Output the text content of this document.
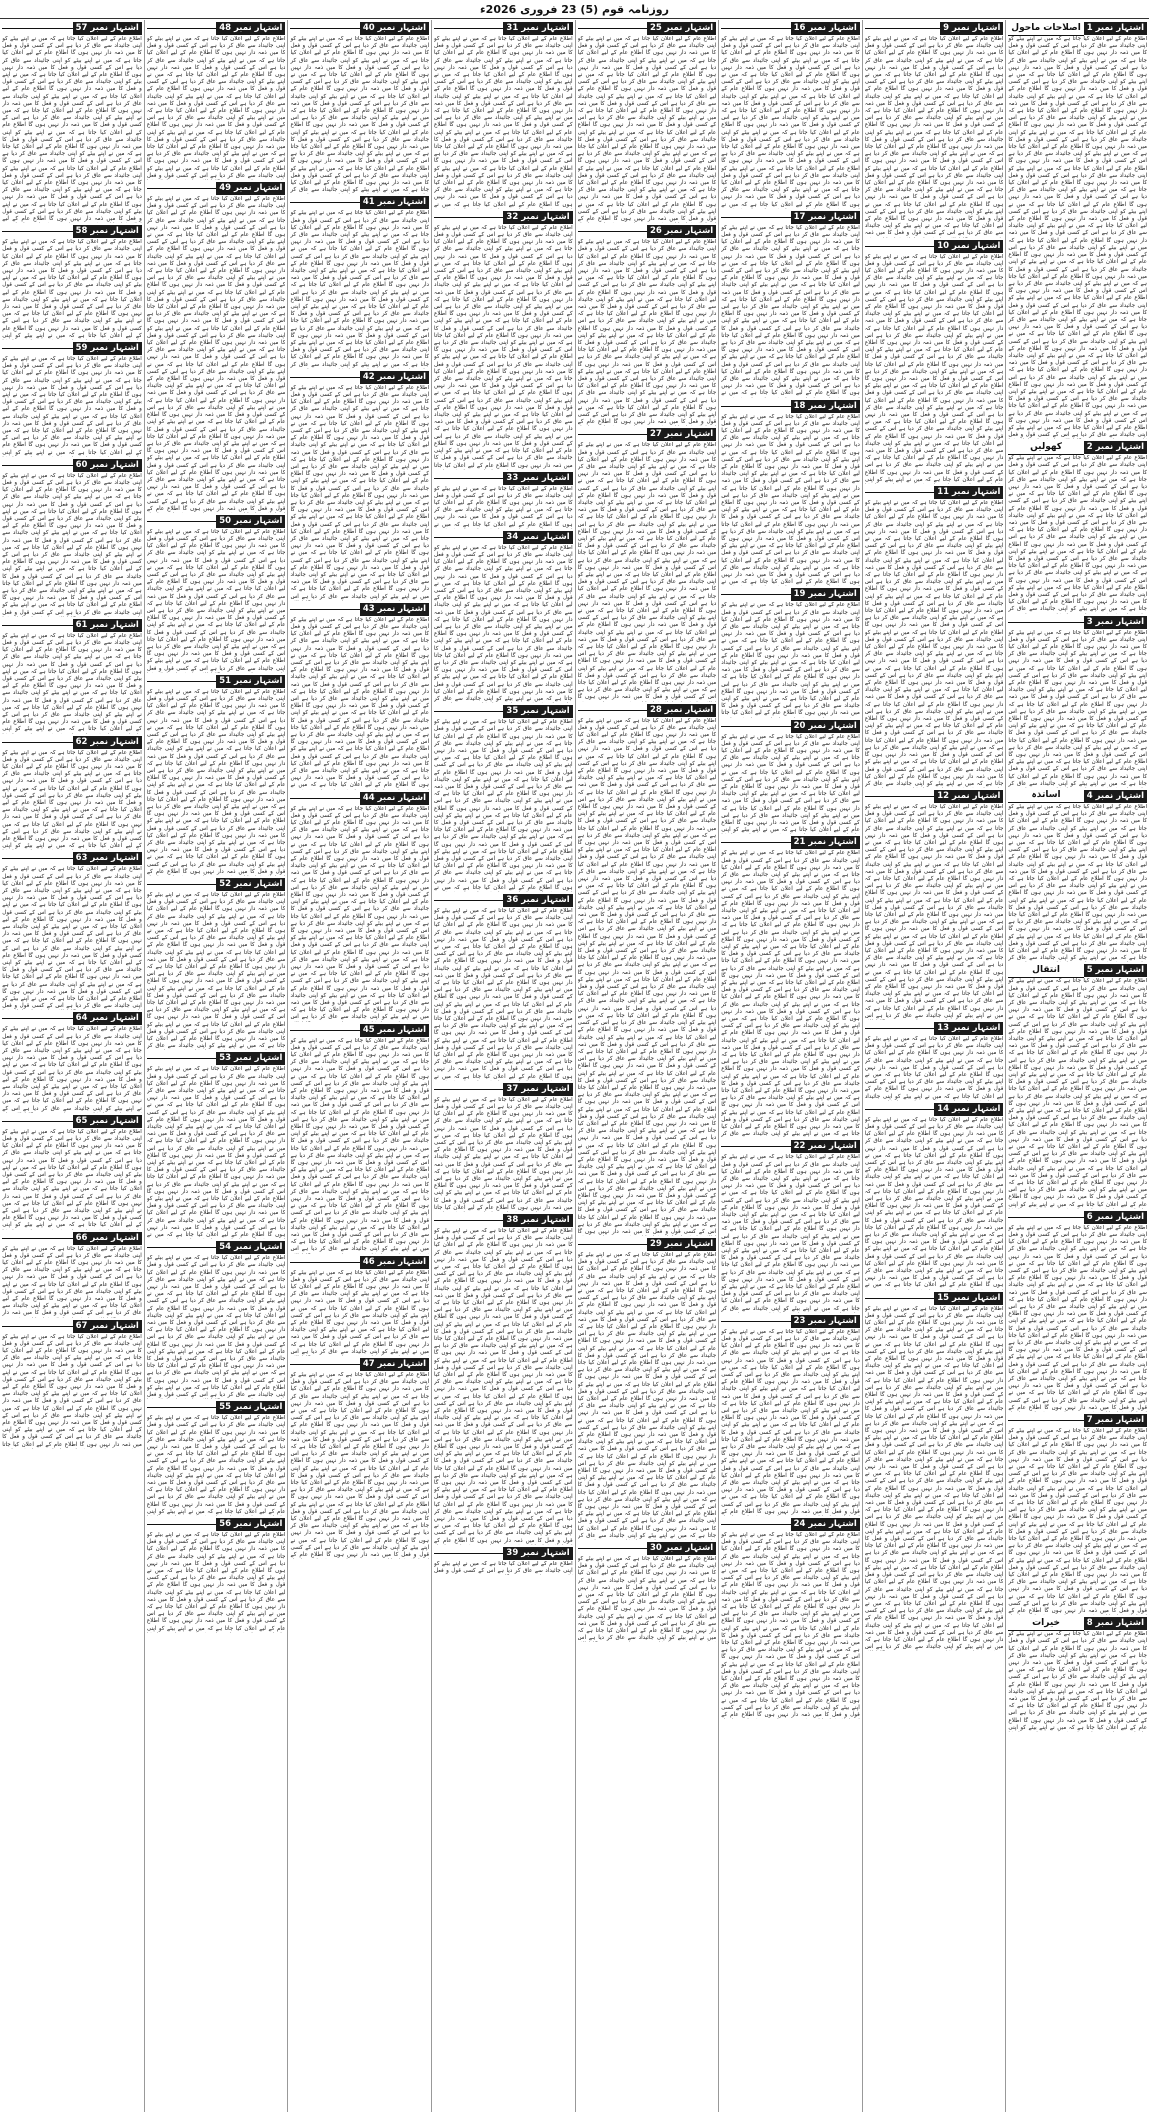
روزنامہ قوم (5) 23 فروری 2026ء
اشتہار نمبر 1
اصلاحات ماحول
اطلاع عام کے لیے اعلان کیا جاتا ہے کہ میں نے اپنے بیٹے کو اپنی جائیداد سے عاق کر دیا ہے اس کے کسی قول و فعل کا میں ذمہ دار نہیں ہوں گا اطلاع عام کے لیے اعلان کیا جاتا ہے کہ میں نے اپنے بیٹے کو اپنی جائیداد سے عاق کر دیا ہے اس کے کسی قول و فعل کا میں ذمہ دار نہیں ہوں گا اطلاع عام کے لیے اعلان کیا جاتا ہے کہ میں نے اپنے بیٹے کو اپنی جائیداد سے عاق کر دیا ہے اس کے کسی قول و فعل کا میں ذمہ دار نہیں ہوں گا اطلاع عام کے لیے اعلان کیا جاتا ہے کہ میں نے اپنے بیٹے کو اپنی جائیداد سے عاق کر دیا ہے اس کے کسی قول و فعل کا میں ذمہ دار نہیں ہوں گا اطلاع عام کے لیے اعلان کیا جاتا ہے کہ میں نے اپنے بیٹے کو اپنی جائیداد سے عاق کر دیا ہے اس کے کسی قول و فعل کا میں ذمہ دار نہیں ہوں گا اطلاع عام کے لیے اعلان کیا جاتا ہے کہ میں نے اپنے بیٹے کو اپنی جائیداد سے عاق کر دیا ہے اس کے کسی قول و فعل کا میں ذمہ دار نہیں ہوں گا اطلاع عام کے لیے اعلان کیا جاتا ہے کہ میں نے اپنے بیٹے کو اپنی جائیداد سے عاق کر دیا ہے اس کے کسی قول و فعل کا میں ذمہ دار نہیں ہوں گا اطلاع عام کے لیے اعلان کیا جاتا ہے کہ میں نے اپنے بیٹے کو اپنی جائیداد سے عاق کر دیا ہے اس کے کسی قول و فعل کا میں ذمہ دار نہیں ہوں گا اطلاع عام کے لیے اعلان کیا جاتا ہے کہ میں نے اپنے بیٹے کو اپنی جائیداد سے عاق کر دیا ہے اس کے کسی قول و فعل کا میں ذمہ دار نہیں ہوں گا اطلاع عام کے لیے اعلان کیا جاتا ہے کہ میں نے اپنے بیٹے کو اپنی جائیداد سے عاق کر دیا ہے اس کے کسی قول و فعل کا میں ذمہ دار نہیں ہوں گا اطلاع عام کے لیے اعلان کیا جاتا ہے کہ میں نے اپنے بیٹے کو اپنی جائیداد سے عاق کر دیا ہے اس کے کسی قول و فعل کا میں ذمہ دار نہیں ہوں گا اطلاع عام کے لیے اعلان کیا جاتا ہے کہ میں نے اپنے بیٹے کو اپنی جائیداد سے عاق کر دیا ہے اس کے کسی قول و فعل کا میں ذمہ دار نہیں ہوں گا اطلاع عام کے لیے اعلان کیا جاتا ہے کہ میں نے اپنے بیٹے کو اپنی جائیداد سے عاق کر دیا ہے اس کے کسی قول و فعل کا میں ذمہ دار نہیں ہوں گا اطلاع عام کے لیے اعلان کیا جاتا ہے کہ میں نے اپنے بیٹے کو اپنی جائیداد سے عاق کر دیا ہے اس کے کسی قول و فعل کا میں ذمہ دار نہیں ہوں گا اطلاع عام کے لیے اعلان کیا جاتا ہے کہ میں نے اپنے بیٹے کو اپنی جائیداد سے عاق کر دیا ہے اس کے کسی قول و فعل کا میں ذمہ دار نہیں ہوں گا اطلاع عام کے لیے اعلان کیا جاتا ہے کہ میں نے اپنے بیٹے کو اپنی جائیداد سے عاق کر دیا ہے اس کے کسی قول و فعل کا میں ذمہ دار نہیں ہوں گا اطلاع عام کے لیے اعلان کیا جاتا ہے کہ میں نے اپنے بیٹے کو اپنی جائیداد سے عاق کر دیا ہے اس کے کسی قول و فعل کا میں ذمہ دار نہیں ہوں گا اطلاع عام کے لیے اعلان کیا جاتا ہے کہ میں نے اپنے بیٹے کو اپنی جائیداد سے عاق کر دیا ہے اس کے کسی قول و فعل کا میں ذمہ دار نہیں ہوں گا اطلاع عام کے لیے اعلان کیا جاتا ہے کہ میں نے اپنے بیٹے کو اپنی جائیداد سے عاق کر دیا ہے اس کے کسی قول و فعل کا میں ذمہ دار نہیں ہوں گا اطلاع عام کے لیے اعلان کیا جاتا ہے کہ میں نے اپنے بیٹے کو اپنی جائیداد سے عاق کر دیا ہے اس کے کسی قول و فعل کا میں ذمہ دار نہیں ہوں گا اطلاع عام کے لیے اعلان کیا جاتا ہے کہ میں نے اپنے بیٹے کو اپنی جائیداد سے عاق کر دیا ہے اس کے کسی قول و فعل کا میں ذمہ دار نہیں ہوں گا اطلاع عام کے لیے اعلان کیا جاتا ہے کہ میں نے اپنے بیٹے کو اپنی جائیداد سے عاق کر دیا ہے اس کے کسی قول و فعل
اشتہار نمبر 2
کھولیں
اطلاع عام کے لیے اعلان کیا جاتا ہے کہ میں نے اپنے بیٹے کو اپنی جائیداد سے عاق کر دیا ہے اس کے کسی قول و فعل کا میں ذمہ دار نہیں ہوں گا اطلاع عام کے لیے اعلان کیا جاتا ہے کہ میں نے اپنے بیٹے کو اپنی جائیداد سے عاق کر دیا ہے اس کے کسی قول و فعل کا میں ذمہ دار نہیں ہوں گا اطلاع عام کے لیے اعلان کیا جاتا ہے کہ میں نے اپنے بیٹے کو اپنی جائیداد سے عاق کر دیا ہے اس کے کسی قول و فعل کا میں ذمہ دار نہیں ہوں گا اطلاع عام کے لیے اعلان کیا جاتا ہے کہ میں نے اپنے بیٹے کو اپنی جائیداد سے عاق کر دیا ہے اس کے کسی قول و فعل کا میں ذمہ دار نہیں ہوں گا اطلاع عام کے لیے اعلان کیا جاتا ہے کہ میں نے اپنے بیٹے کو اپنی جائیداد سے عاق کر دیا ہے اس کے کسی قول و فعل کا میں ذمہ دار نہیں ہوں گا اطلاع عام کے لیے اعلان کیا جاتا ہے کہ میں نے اپنے بیٹے کو اپنی جائیداد سے عاق کر دیا ہے اس کے کسی قول و فعل کا میں ذمہ دار نہیں ہوں گا اطلاع عام کے لیے اعلان کیا جاتا ہے کہ میں نے اپنے بیٹے کو اپنی جائیداد سے عاق کر دیا ہے اس کے کسی قول و فعل کا میں ذمہ دار نہیں ہوں گا اطلاع عام کے لیے اعلان کیا جاتا ہے کہ میں نے اپنے بیٹے کو اپنی جائیداد سے عاق کر دیا ہے اس کے کسی قول و فعل کا میں ذمہ دار نہیں ہوں گا اطلاع عام کے لیے اعلان کیا جاتا ہے کہ میں نے اپنے بیٹے کو اپنی جائیداد سے عاق کر
اشتہار نمبر 3
اطلاع عام کے لیے اعلان کیا جاتا ہے کہ میں نے اپنے بیٹے کو اپنی جائیداد سے عاق کر دیا ہے اس کے کسی قول و فعل کا میں ذمہ دار نہیں ہوں گا اطلاع عام کے لیے اعلان کیا جاتا ہے کہ میں نے اپنے بیٹے کو اپنی جائیداد سے عاق کر دیا ہے اس کے کسی قول و فعل کا میں ذمہ دار نہیں ہوں گا اطلاع عام کے لیے اعلان کیا جاتا ہے کہ میں نے اپنے بیٹے کو اپنی جائیداد سے عاق کر دیا ہے اس کے کسی قول و فعل کا میں ذمہ دار نہیں ہوں گا اطلاع عام کے لیے اعلان کیا جاتا ہے کہ میں نے اپنے بیٹے کو اپنی جائیداد سے عاق کر دیا ہے اس کے کسی قول و فعل کا میں ذمہ دار نہیں ہوں گا اطلاع عام کے لیے اعلان کیا جاتا ہے کہ میں نے اپنے بیٹے کو اپنی جائیداد سے عاق کر دیا ہے اس کے کسی قول و فعل کا میں ذمہ دار نہیں ہوں گا اطلاع عام کے لیے اعلان کیا جاتا ہے کہ میں نے اپنے بیٹے کو اپنی جائیداد سے عاق کر دیا ہے اس کے کسی قول و فعل کا میں ذمہ دار نہیں ہوں گا اطلاع عام کے لیے اعلان کیا جاتا ہے کہ میں نے اپنے بیٹے کو اپنی جائیداد سے عاق کر دیا ہے اس کے کسی قول و فعل کا میں ذمہ دار نہیں ہوں گا اطلاع عام کے لیے اعلان کیا جاتا ہے کہ میں نے اپنے بیٹے کو اپنی جائیداد سے عاق کر دیا ہے اس کے کسی قول و فعل کا میں ذمہ دار نہیں ہوں گا اطلاع عام کے لیے اعلان کیا جاتا ہے کہ میں نے اپنے بیٹے کو اپنی جائیداد سے عاق کر
اشتہار نمبر 4
اساتذہ
اطلاع عام کے لیے اعلان کیا جاتا ہے کہ میں نے اپنے بیٹے کو اپنی جائیداد سے عاق کر دیا ہے اس کے کسی قول و فعل کا میں ذمہ دار نہیں ہوں گا اطلاع عام کے لیے اعلان کیا جاتا ہے کہ میں نے اپنے بیٹے کو اپنی جائیداد سے عاق کر دیا ہے اس کے کسی قول و فعل کا میں ذمہ دار نہیں ہوں گا اطلاع عام کے لیے اعلان کیا جاتا ہے کہ میں نے اپنے بیٹے کو اپنی جائیداد سے عاق کر دیا ہے اس کے کسی قول و فعل کا میں ذمہ دار نہیں ہوں گا اطلاع عام کے لیے اعلان کیا جاتا ہے کہ میں نے اپنے بیٹے کو اپنی جائیداد سے عاق کر دیا ہے اس کے کسی قول و فعل کا میں ذمہ دار نہیں ہوں گا اطلاع عام کے لیے اعلان کیا جاتا ہے کہ میں نے اپنے بیٹے کو اپنی جائیداد سے عاق کر دیا ہے اس کے کسی قول و فعل کا میں ذمہ دار نہیں ہوں گا اطلاع عام کے لیے اعلان کیا جاتا ہے کہ میں نے اپنے بیٹے کو اپنی جائیداد سے عاق کر دیا ہے اس کے کسی قول و فعل کا میں ذمہ دار نہیں ہوں گا اطلاع عام کے لیے اعلان کیا جاتا ہے کہ میں نے اپنے بیٹے کو اپنی جائیداد سے عاق کر دیا ہے اس کے کسی قول و فعل کا میں ذمہ دار نہیں ہوں گا اطلاع عام کے لیے اعلان کیا جاتا ہے کہ میں نے اپنے بیٹے کو اپنی جائیداد سے عاق کر دیا ہے اس کے کسی قول و فعل کا میں ذمہ دار نہیں ہوں گا اطلاع عام کے لیے اعلان کیا جاتا ہے کہ میں نے اپنے بیٹے کو اپنی جائیداد سے عاق کر
اشتہار نمبر 5
انتقال
اطلاع عام کے لیے اعلان کیا جاتا ہے کہ میں نے اپنے بیٹے کو اپنی جائیداد سے عاق کر دیا ہے اس کے کسی قول و فعل کا میں ذمہ دار نہیں ہوں گا اطلاع عام کے لیے اعلان کیا جاتا ہے کہ میں نے اپنے بیٹے کو اپنی جائیداد سے عاق کر دیا ہے اس کے کسی قول و فعل کا میں ذمہ دار نہیں ہوں گا اطلاع عام کے لیے اعلان کیا جاتا ہے کہ میں نے اپنے بیٹے کو اپنی جائیداد سے عاق کر دیا ہے اس کے کسی قول و فعل کا میں ذمہ دار نہیں ہوں گا اطلاع عام کے لیے اعلان کیا جاتا ہے کہ میں نے اپنے بیٹے کو اپنی جائیداد سے عاق کر دیا ہے اس کے کسی قول و فعل کا میں ذمہ دار نہیں ہوں گا اطلاع عام کے لیے اعلان کیا جاتا ہے کہ میں نے اپنے بیٹے کو اپنی جائیداد سے عاق کر دیا ہے اس کے کسی قول و فعل کا میں ذمہ دار نہیں ہوں گا اطلاع عام کے لیے اعلان کیا جاتا ہے کہ میں نے اپنے بیٹے کو اپنی جائیداد سے عاق کر دیا ہے اس کے کسی قول و فعل کا میں ذمہ دار نہیں ہوں گا اطلاع عام کے لیے اعلان کیا جاتا ہے کہ میں نے اپنے بیٹے کو اپنی جائیداد سے عاق کر دیا ہے اس کے کسی قول و فعل کا میں ذمہ دار نہیں ہوں گا اطلاع عام کے لیے اعلان کیا جاتا ہے کہ میں نے اپنے بیٹے کو اپنی جائیداد سے عاق کر دیا ہے اس کے کسی قول و فعل کا میں ذمہ دار نہیں ہوں گا اطلاع عام کے لیے اعلان کیا جاتا ہے کہ میں نے اپنے بیٹے کو اپنی جائیداد سے عاق کر دیا ہے اس کے کسی قول و فعل کا میں ذمہ دار نہیں ہوں گا اطلاع عام کے لیے اعلان کیا جاتا ہے کہ میں نے اپنے بیٹے کو اپنی جائیداد سے عاق کر دیا ہے اس کے کسی قول و فعل کا میں ذمہ دار نہیں ہوں گا اطلاع عام کے لیے اعلان کیا جاتا ہے کہ میں نے اپنے بیٹے کو اپنی جائیداد سے عاق کر دیا ہے اس کے کسی قول و فعل کا میں ذمہ دار نہیں ہوں گا اطلاع عام کے لیے اعلان کیا جاتا ہے کہ میں نے اپنے بیٹے کو اپنی جائیداد سے عاق کر دیا ہے اس کے کسی قول و فعل کا میں ذمہ دار نہیں ہوں گا اطلاع عام کے لیے اعلان کیا جاتا ہے کہ میں نے اپنے بیٹے کو اپنی
اشتہار نمبر 6
اطلاع عام کے لیے اعلان کیا جاتا ہے کہ میں نے اپنے بیٹے کو اپنی جائیداد سے عاق کر دیا ہے اس کے کسی قول و فعل کا میں ذمہ دار نہیں ہوں گا اطلاع عام کے لیے اعلان کیا جاتا ہے کہ میں نے اپنے بیٹے کو اپنی جائیداد سے عاق کر دیا ہے اس کے کسی قول و فعل کا میں ذمہ دار نہیں ہوں گا اطلاع عام کے لیے اعلان کیا جاتا ہے کہ میں نے اپنے بیٹے کو اپنی جائیداد سے عاق کر دیا ہے اس کے کسی قول و فعل کا میں ذمہ دار نہیں ہوں گا اطلاع عام کے لیے اعلان کیا جاتا ہے کہ میں نے اپنے بیٹے کو اپنی جائیداد سے عاق کر دیا ہے اس کے کسی قول و فعل کا میں ذمہ دار نہیں ہوں گا اطلاع عام کے لیے اعلان کیا جاتا ہے کہ میں نے اپنے بیٹے کو اپنی جائیداد سے عاق کر دیا ہے اس کے کسی قول و فعل کا میں ذمہ دار نہیں ہوں گا اطلاع عام کے لیے اعلان کیا جاتا ہے کہ میں نے اپنے بیٹے کو اپنی جائیداد سے عاق کر دیا ہے اس کے کسی قول و فعل کا میں ذمہ دار نہیں ہوں گا اطلاع عام کے لیے اعلان کیا جاتا ہے کہ میں نے اپنے بیٹے کو اپنی جائیداد سے عاق کر دیا ہے اس کے کسی قول و فعل کا میں ذمہ دار نہیں ہوں گا اطلاع عام کے لیے اعلان کیا جاتا ہے کہ میں نے اپنے بیٹے کو اپنی جائیداد سے عاق کر دیا ہے اس کے کسی قول و فعل کا میں ذمہ دار نہیں ہوں گا اطلاع عام کے لیے اعلان کیا جاتا ہے کہ میں نے اپنے بیٹے کو اپنی جائیداد سے عاق کر دیا ہے اس کے کسی قول و فعل کا میں ذمہ دار نہیں ہوں گا اطلاع عام کے لیے اعلان کیا جاتا ہے کہ میں نے اپنے بیٹے کو اپنی جائیداد سے عاق کر دیا ہے اس کے کسی قول و فعل کا میں ذمہ دار نہیں ہوں گا اطلاع عام کے
اشتہار نمبر 7
اطلاع عام کے لیے اعلان کیا جاتا ہے کہ میں نے اپنے بیٹے کو اپنی جائیداد سے عاق کر دیا ہے اس کے کسی قول و فعل کا میں ذمہ دار نہیں ہوں گا اطلاع عام کے لیے اعلان کیا جاتا ہے کہ میں نے اپنے بیٹے کو اپنی جائیداد سے عاق کر دیا ہے اس کے کسی قول و فعل کا میں ذمہ دار نہیں ہوں گا اطلاع عام کے لیے اعلان کیا جاتا ہے کہ میں نے اپنے بیٹے کو اپنی جائیداد سے عاق کر دیا ہے اس کے کسی قول و فعل کا میں ذمہ دار نہیں ہوں گا اطلاع عام کے لیے اعلان کیا جاتا ہے کہ میں نے اپنے بیٹے کو اپنی جائیداد سے عاق کر دیا ہے اس کے کسی قول و فعل کا میں ذمہ دار نہیں ہوں گا اطلاع عام کے لیے اعلان کیا جاتا ہے کہ میں نے اپنے بیٹے کو اپنی جائیداد سے عاق کر دیا ہے اس کے کسی قول و فعل کا میں ذمہ دار نہیں ہوں گا اطلاع عام کے لیے اعلان کیا جاتا ہے کہ میں نے اپنے بیٹے کو اپنی جائیداد سے عاق کر دیا ہے اس کے کسی قول و فعل کا میں ذمہ دار نہیں ہوں گا اطلاع عام کے لیے اعلان کیا جاتا ہے کہ میں نے اپنے بیٹے کو اپنی جائیداد سے عاق کر دیا ہے اس کے کسی قول و فعل کا میں ذمہ دار نہیں ہوں گا اطلاع عام کے لیے اعلان کیا جاتا ہے کہ میں نے اپنے بیٹے کو اپنی جائیداد سے عاق کر دیا ہے اس کے کسی قول و فعل کا میں ذمہ دار نہیں ہوں گا اطلاع عام کے لیے اعلان کیا جاتا ہے کہ میں نے اپنے بیٹے کو اپنی جائیداد سے عاق کر دیا ہے اس کے کسی قول و فعل کا میں ذمہ دار نہیں ہوں گا اطلاع عام کے لیے اعلان کیا جاتا ہے کہ میں نے اپنے بیٹے کو اپنی جائیداد سے عاق کر دیا ہے اس کے کسی قول و فعل کا میں ذمہ دار نہیں ہوں گا اطلاع عام کے
اشتہار نمبر 8
خیرات
اطلاع عام کے لیے اعلان کیا جاتا ہے کہ میں نے اپنے بیٹے کو اپنی جائیداد سے عاق کر دیا ہے اس کے کسی قول و فعل کا میں ذمہ دار نہیں ہوں گا اطلاع عام کے لیے اعلان کیا جاتا ہے کہ میں نے اپنے بیٹے کو اپنی جائیداد سے عاق کر دیا ہے اس کے کسی قول و فعل کا میں ذمہ دار نہیں ہوں گا اطلاع عام کے لیے اعلان کیا جاتا ہے کہ میں نے اپنے بیٹے کو اپنی جائیداد سے عاق کر دیا ہے اس کے کسی قول و فعل کا میں ذمہ دار نہیں ہوں گا اطلاع عام کے لیے اعلان کیا جاتا ہے کہ میں نے اپنے بیٹے کو اپنی جائیداد سے عاق کر دیا ہے اس کے کسی قول و فعل کا میں ذمہ دار نہیں ہوں گا اطلاع عام کے لیے اعلان کیا جاتا ہے کہ میں نے اپنے بیٹے کو اپنی جائیداد سے عاق کر دیا ہے اس کے کسی قول و فعل کا میں ذمہ دار نہیں ہوں گا اطلاع عام کے لیے اعلان کیا جاتا ہے کہ میں نے اپنے بیٹے کو اپنی
اشتہار نمبر 9
اطلاع عام کے لیے اعلان کیا جاتا ہے کہ میں نے اپنے بیٹے کو اپنی جائیداد سے عاق کر دیا ہے اس کے کسی قول و فعل کا میں ذمہ دار نہیں ہوں گا اطلاع عام کے لیے اعلان کیا جاتا ہے کہ میں نے اپنے بیٹے کو اپنی جائیداد سے عاق کر دیا ہے اس کے کسی قول و فعل کا میں ذمہ دار نہیں ہوں گا اطلاع عام کے لیے اعلان کیا جاتا ہے کہ میں نے اپنے بیٹے کو اپنی جائیداد سے عاق کر دیا ہے اس کے کسی قول و فعل کا میں ذمہ دار نہیں ہوں گا اطلاع عام کے لیے اعلان کیا جاتا ہے کہ میں نے اپنے بیٹے کو اپنی جائیداد سے عاق کر دیا ہے اس کے کسی قول و فعل کا میں ذمہ دار نہیں ہوں گا اطلاع عام کے لیے اعلان کیا جاتا ہے کہ میں نے اپنے بیٹے کو اپنی جائیداد سے عاق کر دیا ہے اس کے کسی قول و فعل کا میں ذمہ دار نہیں ہوں گا اطلاع عام کے لیے اعلان کیا جاتا ہے کہ میں نے اپنے بیٹے کو اپنی جائیداد سے عاق کر دیا ہے اس کے کسی قول و فعل کا میں ذمہ دار نہیں ہوں گا اطلاع عام کے لیے اعلان کیا جاتا ہے کہ میں نے اپنے بیٹے کو اپنی جائیداد سے عاق کر دیا ہے اس کے کسی قول و فعل کا میں ذمہ دار نہیں ہوں گا اطلاع عام کے لیے اعلان کیا جاتا ہے کہ میں نے اپنے بیٹے کو اپنی جائیداد سے عاق کر دیا ہے اس کے کسی قول و فعل کا میں ذمہ دار نہیں ہوں گا اطلاع عام کے لیے اعلان کیا جاتا ہے کہ میں نے اپنے بیٹے کو اپنی جائیداد سے عاق کر دیا ہے اس کے کسی قول و فعل کا میں ذمہ دار نہیں ہوں گا اطلاع عام کے لیے اعلان کیا جاتا ہے کہ میں نے اپنے بیٹے کو اپنی جائیداد سے عاق کر دیا ہے اس کے کسی قول و فعل کا میں ذمہ دار نہیں ہوں گا اطلاع عام کے لیے اعلان کیا جاتا ہے کہ میں نے اپنے بیٹے کو اپنی جائیداد سے عاق کر دیا ہے اس کے کسی قول و فعل کا میں ذمہ
اشتہار نمبر 10
اطلاع عام کے لیے اعلان کیا جاتا ہے کہ میں نے اپنے بیٹے کو اپنی جائیداد سے عاق کر دیا ہے اس کے کسی قول و فعل کا میں ذمہ دار نہیں ہوں گا اطلاع عام کے لیے اعلان کیا جاتا ہے کہ میں نے اپنے بیٹے کو اپنی جائیداد سے عاق کر دیا ہے اس کے کسی قول و فعل کا میں ذمہ دار نہیں ہوں گا اطلاع عام کے لیے اعلان کیا جاتا ہے کہ میں نے اپنے بیٹے کو اپنی جائیداد سے عاق کر دیا ہے اس کے کسی قول و فعل کا میں ذمہ دار نہیں ہوں گا اطلاع عام کے لیے اعلان کیا جاتا ہے کہ میں نے اپنے بیٹے کو اپنی جائیداد سے عاق کر دیا ہے اس کے کسی قول و فعل کا میں ذمہ دار نہیں ہوں گا اطلاع عام کے لیے اعلان کیا جاتا ہے کہ میں نے اپنے بیٹے کو اپنی جائیداد سے عاق کر دیا ہے اس کے کسی قول و فعل کا میں ذمہ دار نہیں ہوں گا اطلاع عام کے لیے اعلان کیا جاتا ہے کہ میں نے اپنے بیٹے کو اپنی جائیداد سے عاق کر دیا ہے اس کے کسی قول و فعل کا میں ذمہ دار نہیں ہوں گا اطلاع عام کے لیے اعلان کیا جاتا ہے کہ میں نے اپنے بیٹے کو اپنی جائیداد سے عاق کر دیا ہے اس کے کسی قول و فعل کا میں ذمہ دار نہیں ہوں گا اطلاع عام کے لیے اعلان کیا جاتا ہے کہ میں نے اپنے بیٹے کو اپنی جائیداد سے عاق کر دیا ہے اس کے کسی قول و فعل کا میں ذمہ دار نہیں ہوں گا اطلاع عام کے لیے اعلان کیا جاتا ہے کہ میں نے اپنے بیٹے کو اپنی جائیداد سے عاق کر دیا ہے اس کے کسی قول و فعل کا میں ذمہ دار نہیں ہوں گا اطلاع عام کے لیے اعلان کیا جاتا ہے کہ میں نے اپنے بیٹے کو اپنی جائیداد سے عاق کر دیا ہے اس کے کسی قول و فعل کا میں ذمہ دار نہیں ہوں گا اطلاع عام کے لیے اعلان کیا جاتا ہے کہ میں نے اپنے بیٹے کو اپنی جائیداد سے عاق کر دیا ہے اس کے کسی قول و فعل کا میں ذمہ دار نہیں ہوں گا اطلاع عام کے لیے اعلان کیا جاتا ہے کہ میں نے اپنے بیٹے کو اپنی جائیداد سے عاق کر دیا ہے اس کے کسی قول و فعل کا میں ذمہ دار نہیں ہوں گا اطلاع عام کے لیے اعلان کیا جاتا ہے کہ میں نے اپنے بیٹے کو اپنی
اشتہار نمبر 11
اطلاع عام کے لیے اعلان کیا جاتا ہے کہ میں نے اپنے بیٹے کو اپنی جائیداد سے عاق کر دیا ہے اس کے کسی قول و فعل کا میں ذمہ دار نہیں ہوں گا اطلاع عام کے لیے اعلان کیا جاتا ہے کہ میں نے اپنے بیٹے کو اپنی جائیداد سے عاق کر دیا ہے اس کے کسی قول و فعل کا میں ذمہ دار نہیں ہوں گا اطلاع عام کے لیے اعلان کیا جاتا ہے کہ میں نے اپنے بیٹے کو اپنی جائیداد سے عاق کر دیا ہے اس کے کسی قول و فعل کا میں ذمہ دار نہیں ہوں گا اطلاع عام کے لیے اعلان کیا جاتا ہے کہ میں نے اپنے بیٹے کو اپنی جائیداد سے عاق کر دیا ہے اس کے کسی قول و فعل کا میں ذمہ دار نہیں ہوں گا اطلاع عام کے لیے اعلان کیا جاتا ہے کہ میں نے اپنے بیٹے کو اپنی جائیداد سے عاق کر دیا ہے اس کے کسی قول و فعل کا میں ذمہ دار نہیں ہوں گا اطلاع عام کے لیے اعلان کیا جاتا ہے کہ میں نے اپنے بیٹے کو اپنی جائیداد سے عاق کر دیا ہے اس کے کسی قول و فعل کا میں ذمہ دار نہیں ہوں گا اطلاع عام کے لیے اعلان کیا جاتا ہے کہ میں نے اپنے بیٹے کو اپنی جائیداد سے عاق کر دیا ہے اس کے کسی قول و فعل کا میں ذمہ دار نہیں ہوں گا اطلاع عام کے لیے اعلان کیا جاتا ہے کہ میں نے اپنے بیٹے کو اپنی جائیداد سے عاق کر دیا ہے اس کے کسی قول و فعل کا میں ذمہ دار نہیں ہوں گا اطلاع عام کے لیے اعلان کیا جاتا ہے کہ میں نے اپنے بیٹے کو اپنی جائیداد سے عاق کر دیا ہے اس کے کسی قول و فعل کا میں ذمہ دار نہیں ہوں گا اطلاع عام کے لیے اعلان کیا جاتا ہے کہ میں نے اپنے بیٹے کو اپنی جائیداد سے عاق کر دیا ہے اس کے کسی قول و فعل کا میں ذمہ دار نہیں ہوں گا اطلاع عام کے لیے اعلان کیا جاتا ہے کہ میں نے اپنے بیٹے کو اپنی جائیداد سے عاق کر دیا ہے اس کے کسی قول و فعل کا میں ذمہ دار نہیں ہوں گا اطلاع عام کے لیے اعلان کیا جاتا ہے کہ میں نے اپنے بیٹے کو اپنی جائیداد سے عاق کر دیا ہے اس کے کسی قول و فعل کا میں ذمہ دار نہیں ہوں گا اطلاع عام کے لیے اعلان کیا جاتا ہے کہ میں نے اپنے بیٹے کو اپنی جائیداد سے عاق کر دیا ہے اس کے کسی قول و فعل کا میں ذمہ دار نہیں ہوں گا اطلاع عام کے لیے اعلان کیا جاتا ہے کہ میں نے اپنے بیٹے کو اپنی جائیداد سے عاق کر دیا ہے اس کے کسی قول و فعل کا میں ذمہ دار نہیں ہوں گا اطلاع عام کے لیے اعلان کیا جاتا ہے کہ میں نے اپنے بیٹے کو اپنی جائیداد سے عاق کر دیا ہے اس کے کسی قول و فعل کا میں ذمہ دار نہیں ہوں گا اطلاع عام کے لیے اعلان کیا جاتا ہے کہ میں نے اپنے بیٹے کو اپنی جائیداد سے عاق کر
اشتہار نمبر 12
اطلاع عام کے لیے اعلان کیا جاتا ہے کہ میں نے اپنے بیٹے کو اپنی جائیداد سے عاق کر دیا ہے اس کے کسی قول و فعل کا میں ذمہ دار نہیں ہوں گا اطلاع عام کے لیے اعلان کیا جاتا ہے کہ میں نے اپنے بیٹے کو اپنی جائیداد سے عاق کر دیا ہے اس کے کسی قول و فعل کا میں ذمہ دار نہیں ہوں گا اطلاع عام کے لیے اعلان کیا جاتا ہے کہ میں نے اپنے بیٹے کو اپنی جائیداد سے عاق کر دیا ہے اس کے کسی قول و فعل کا میں ذمہ دار نہیں ہوں گا اطلاع عام کے لیے اعلان کیا جاتا ہے کہ میں نے اپنے بیٹے کو اپنی جائیداد سے عاق کر دیا ہے اس کے کسی قول و فعل کا میں ذمہ دار نہیں ہوں گا اطلاع عام کے لیے اعلان کیا جاتا ہے کہ میں نے اپنے بیٹے کو اپنی جائیداد سے عاق کر دیا ہے اس کے کسی قول و فعل کا میں ذمہ دار نہیں ہوں گا اطلاع عام کے لیے اعلان کیا جاتا ہے کہ میں نے اپنے بیٹے کو اپنی جائیداد سے عاق کر دیا ہے اس کے کسی قول و فعل کا میں ذمہ دار نہیں ہوں گا اطلاع عام کے لیے اعلان کیا جاتا ہے کہ میں نے اپنے بیٹے کو اپنی جائیداد سے عاق کر دیا ہے اس کے کسی قول و فعل کا میں ذمہ دار نہیں ہوں گا اطلاع عام کے لیے اعلان کیا جاتا ہے کہ میں نے اپنے بیٹے کو اپنی جائیداد سے عاق کر دیا ہے اس کے کسی قول و فعل کا میں ذمہ دار نہیں ہوں گا اطلاع عام کے لیے اعلان کیا جاتا ہے کہ میں نے اپنے بیٹے کو اپنی جائیداد سے عاق کر دیا ہے اس کے کسی قول و فعل کا میں ذمہ دار نہیں ہوں گا اطلاع عام کے لیے اعلان کیا جاتا ہے کہ میں نے اپنے بیٹے کو اپنی جائیداد سے عاق کر دیا ہے اس کے کسی قول و فعل کا میں ذمہ دار نہیں ہوں گا اطلاع عام کے لیے اعلان کیا جاتا ہے کہ میں نے اپنے بیٹے کو اپنی جائیداد سے عاق کر دیا ہے اس کے کسی قول و فعل کا میں ذمہ دار نہیں ہوں گا اطلاع عام کے لیے اعلان کیا جاتا ہے کہ میں نے اپنے بیٹے کو اپنی جائیداد سے عاق کر دیا ہے اس
اشتہار نمبر 13
اطلاع عام کے لیے اعلان کیا جاتا ہے کہ میں نے اپنے بیٹے کو اپنی جائیداد سے عاق کر دیا ہے اس کے کسی قول و فعل کا میں ذمہ دار نہیں ہوں گا اطلاع عام کے لیے اعلان کیا جاتا ہے کہ میں نے اپنے بیٹے کو اپنی جائیداد سے عاق کر دیا ہے اس کے کسی قول و فعل کا میں ذمہ دار نہیں ہوں گا اطلاع عام کے لیے اعلان کیا جاتا ہے کہ میں نے اپنے بیٹے کو اپنی جائیداد سے عاق کر دیا ہے اس کے کسی قول و فعل کا میں ذمہ دار نہیں ہوں گا اطلاع عام کے لیے اعلان کیا جاتا ہے کہ میں نے اپنے بیٹے کو اپنی جائیداد
اشتہار نمبر 14
اطلاع عام کے لیے اعلان کیا جاتا ہے کہ میں نے اپنے بیٹے کو اپنی جائیداد سے عاق کر دیا ہے اس کے کسی قول و فعل کا میں ذمہ دار نہیں ہوں گا اطلاع عام کے لیے اعلان کیا جاتا ہے کہ میں نے اپنے بیٹے کو اپنی جائیداد سے عاق کر دیا ہے اس کے کسی قول و فعل کا میں ذمہ دار نہیں ہوں گا اطلاع عام کے لیے اعلان کیا جاتا ہے کہ میں نے اپنے بیٹے کو اپنی جائیداد سے عاق کر دیا ہے اس کے کسی قول و فعل کا میں ذمہ دار نہیں ہوں گا اطلاع عام کے لیے اعلان کیا جاتا ہے کہ میں نے اپنے بیٹے کو اپنی جائیداد سے عاق کر دیا ہے اس کے کسی قول و فعل کا میں ذمہ دار نہیں ہوں گا اطلاع عام کے لیے اعلان کیا جاتا ہے کہ میں نے اپنے بیٹے کو اپنی جائیداد سے عاق کر دیا ہے اس کے کسی قول و فعل کا میں ذمہ دار نہیں ہوں گا اطلاع عام کے لیے اعلان کیا جاتا ہے کہ میں نے اپنے بیٹے کو اپنی جائیداد سے عاق کر دیا ہے اس کے کسی قول و فعل کا میں ذمہ دار نہیں ہوں گا اطلاع عام کے لیے اعلان کیا جاتا ہے کہ میں نے اپنے بیٹے کو اپنی جائیداد سے عاق کر دیا ہے اس کے کسی قول و فعل کا میں ذمہ دار نہیں ہوں گا اطلاع عام کے لیے اعلان کیا جاتا ہے کہ میں نے اپنے بیٹے کو اپنی جائیداد سے عاق کر دیا ہے اس کے کسی قول و فعل کا میں ذمہ دار نہیں ہوں گا اطلاع عام کے لیے اعلان کیا جاتا ہے کہ میں نے اپنے بیٹے کو اپنی جائیداد سے عاق کر دیا ہے اس کے کسی قول و فعل کا میں ذمہ دار نہیں ہوں گا اطلاع عام کے لیے اعلان کیا جاتا ہے کہ میں نے
اشتہار نمبر 15
اطلاع عام کے لیے اعلان کیا جاتا ہے کہ میں نے اپنے بیٹے کو اپنی جائیداد سے عاق کر دیا ہے اس کے کسی قول و فعل کا میں ذمہ دار نہیں ہوں گا اطلاع عام کے لیے اعلان کیا جاتا ہے کہ میں نے اپنے بیٹے کو اپنی جائیداد سے عاق کر دیا ہے اس کے کسی قول و فعل کا میں ذمہ دار نہیں ہوں گا اطلاع عام کے لیے اعلان کیا جاتا ہے کہ میں نے اپنے بیٹے کو اپنی جائیداد سے عاق کر دیا ہے اس کے کسی قول و فعل کا میں ذمہ دار نہیں ہوں گا اطلاع عام کے لیے اعلان کیا جاتا ہے کہ میں نے اپنے بیٹے کو اپنی جائیداد سے عاق کر دیا ہے اس کے کسی قول و فعل کا میں ذمہ دار نہیں ہوں گا اطلاع عام کے لیے اعلان کیا جاتا ہے کہ میں نے اپنے بیٹے کو اپنی جائیداد سے عاق کر دیا ہے اس کے کسی قول و فعل کا میں ذمہ دار نہیں ہوں گا اطلاع عام کے لیے اعلان کیا جاتا ہے کہ میں نے اپنے بیٹے کو اپنی جائیداد سے عاق کر دیا ہے اس کے کسی قول و فعل کا میں ذمہ دار نہیں ہوں گا اطلاع عام کے لیے اعلان کیا جاتا ہے کہ میں نے اپنے بیٹے کو اپنی جائیداد سے عاق کر دیا ہے اس کے کسی قول و فعل کا میں ذمہ دار نہیں ہوں گا اطلاع عام کے لیے اعلان کیا جاتا ہے کہ میں نے اپنے بیٹے کو اپنی جائیداد سے عاق کر دیا ہے اس کے کسی قول و فعل کا میں ذمہ دار نہیں ہوں گا اطلاع عام کے لیے اعلان کیا جاتا ہے کہ میں نے اپنے بیٹے کو اپنی جائیداد سے عاق کر دیا ہے اس کے کسی قول و فعل کا میں ذمہ دار نہیں ہوں گا اطلاع عام کے لیے اعلان کیا جاتا ہے کہ میں نے اپنے بیٹے کو اپنی جائیداد سے عاق کر دیا ہے اس کے کسی قول و فعل کا میں ذمہ دار نہیں ہوں گا اطلاع عام کے لیے اعلان کیا جاتا ہے کہ میں نے اپنے بیٹے کو اپنی جائیداد سے عاق کر دیا ہے اس کے کسی قول و فعل کا میں ذمہ دار نہیں ہوں گا اطلاع عام کے لیے اعلان کیا جاتا ہے کہ میں نے اپنے بیٹے کو اپنی جائیداد سے عاق کر دیا ہے اس کے کسی قول و فعل کا میں ذمہ دار نہیں ہوں گا اطلاع عام کے لیے اعلان کیا جاتا ہے کہ میں نے اپنے بیٹے کو اپنی جائیداد سے عاق کر دیا ہے اس کے کسی قول و فعل کا میں ذمہ دار نہیں ہوں گا اطلاع عام کے لیے اعلان کیا جاتا ہے کہ میں نے اپنے بیٹے کو اپنی جائیداد سے عاق کر دیا ہے اس کے کسی قول و فعل کا میں ذمہ دار نہیں ہوں گا اطلاع عام کے لیے اعلان کیا جاتا ہے کہ میں نے اپنے بیٹے کو اپنی جائیداد سے عاق کر دیا ہے اس کے کسی قول و فعل کا میں ذمہ دار نہیں ہوں گا اطلاع عام کے لیے اعلان کیا جاتا ہے کہ میں نے اپنے بیٹے کو اپنی جائیداد سے عاق کر دیا ہے اس کے کسی قول و فعل کا میں ذمہ دار نہیں ہوں گا اطلاع عام کے لیے اعلان کیا جاتا ہے کہ میں نے اپنے بیٹے کو اپنی جائیداد سے عاق کر دیا ہے اس کے کسی قول و فعل کا میں ذمہ دار نہیں ہوں گا اطلاع عام کے لیے اعلان کیا جاتا ہے کہ میں نے اپنے بیٹے کو اپنی جائیداد سے عاق کر دیا ہے اس کے کسی قول و فعل کا میں ذمہ دار نہیں ہوں گا اطلاع عام کے لیے اعلان کیا جاتا ہے کہ میں نے اپنے بیٹے کو اپنی جائیداد سے عاق کر دیا ہے اس
اشتہار نمبر 16
اطلاع عام کے لیے اعلان کیا جاتا ہے کہ میں نے اپنے بیٹے کو اپنی جائیداد سے عاق کر دیا ہے اس کے کسی قول و فعل کا میں ذمہ دار نہیں ہوں گا اطلاع عام کے لیے اعلان کیا جاتا ہے کہ میں نے اپنے بیٹے کو اپنی جائیداد سے عاق کر دیا ہے اس کے کسی قول و فعل کا میں ذمہ دار نہیں ہوں گا اطلاع عام کے لیے اعلان کیا جاتا ہے کہ میں نے اپنے بیٹے کو اپنی جائیداد سے عاق کر دیا ہے اس کے کسی قول و فعل کا میں ذمہ دار نہیں ہوں گا اطلاع عام کے لیے اعلان کیا جاتا ہے کہ میں نے اپنے بیٹے کو اپنی جائیداد سے عاق کر دیا ہے اس کے کسی قول و فعل کا میں ذمہ دار نہیں ہوں گا اطلاع عام کے لیے اعلان کیا جاتا ہے کہ میں نے اپنے بیٹے کو اپنی جائیداد سے عاق کر دیا ہے اس کے کسی قول و فعل کا میں ذمہ دار نہیں ہوں گا اطلاع عام کے لیے اعلان کیا جاتا ہے کہ میں نے اپنے بیٹے کو اپنی جائیداد سے عاق کر دیا ہے اس کے کسی قول و فعل کا میں ذمہ دار نہیں ہوں گا اطلاع عام کے لیے اعلان کیا جاتا ہے کہ میں نے اپنے بیٹے کو اپنی جائیداد سے عاق کر دیا ہے اس کے کسی قول و فعل کا میں ذمہ دار نہیں ہوں گا اطلاع عام کے لیے اعلان کیا جاتا ہے کہ میں نے اپنے بیٹے کو اپنی جائیداد سے عاق کر دیا ہے اس کے کسی قول و فعل کا میں ذمہ دار نہیں ہوں گا اطلاع عام کے لیے اعلان کیا جاتا ہے کہ میں نے اپنے بیٹے کو اپنی جائیداد سے عاق کر دیا ہے اس کے کسی قول و فعل کا میں ذمہ دار نہیں ہوں گا اطلاع عام کے لیے اعلان کیا جاتا ہے کہ میں نے
اشتہار نمبر 17
اطلاع عام کے لیے اعلان کیا جاتا ہے کہ میں نے اپنے بیٹے کو اپنی جائیداد سے عاق کر دیا ہے اس کے کسی قول و فعل کا میں ذمہ دار نہیں ہوں گا اطلاع عام کے لیے اعلان کیا جاتا ہے کہ میں نے اپنے بیٹے کو اپنی جائیداد سے عاق کر دیا ہے اس کے کسی قول و فعل کا میں ذمہ دار نہیں ہوں گا اطلاع عام کے لیے اعلان کیا جاتا ہے کہ میں نے اپنے بیٹے کو اپنی جائیداد سے عاق کر دیا ہے اس کے کسی قول و فعل کا میں ذمہ دار نہیں ہوں گا اطلاع عام کے لیے اعلان کیا جاتا ہے کہ میں نے اپنے بیٹے کو اپنی جائیداد سے عاق کر دیا ہے اس کے کسی قول و فعل کا میں ذمہ دار نہیں ہوں گا اطلاع عام کے لیے اعلان کیا جاتا ہے کہ میں نے اپنے بیٹے کو اپنی جائیداد سے عاق کر دیا ہے اس کے کسی قول و فعل کا میں ذمہ دار نہیں ہوں گا اطلاع عام کے لیے اعلان کیا جاتا ہے کہ میں نے اپنے بیٹے کو اپنی جائیداد سے عاق کر دیا ہے اس کے کسی قول و فعل کا میں ذمہ دار نہیں ہوں گا اطلاع عام کے لیے اعلان کیا جاتا ہے کہ میں نے اپنے بیٹے کو اپنی جائیداد سے عاق کر دیا ہے اس کے کسی قول و فعل کا میں ذمہ دار نہیں ہوں گا اطلاع عام کے لیے اعلان کیا جاتا ہے کہ میں نے اپنے بیٹے کو اپنی جائیداد سے عاق کر دیا ہے اس کے کسی قول و فعل کا میں ذمہ دار نہیں ہوں گا اطلاع عام کے لیے اعلان کیا جاتا ہے کہ میں نے اپنے بیٹے کو اپنی جائیداد سے عاق کر دیا ہے اس کے کسی قول و فعل کا میں ذمہ دار نہیں ہوں گا اطلاع عام کے لیے اعلان کیا جاتا ہے کہ میں نے
اشتہار نمبر 18
اطلاع عام کے لیے اعلان کیا جاتا ہے کہ میں نے اپنے بیٹے کو اپنی جائیداد سے عاق کر دیا ہے اس کے کسی قول و فعل کا میں ذمہ دار نہیں ہوں گا اطلاع عام کے لیے اعلان کیا جاتا ہے کہ میں نے اپنے بیٹے کو اپنی جائیداد سے عاق کر دیا ہے اس کے کسی قول و فعل کا میں ذمہ دار نہیں ہوں گا اطلاع عام کے لیے اعلان کیا جاتا ہے کہ میں نے اپنے بیٹے کو اپنی جائیداد سے عاق کر دیا ہے اس کے کسی قول و فعل کا میں ذمہ دار نہیں ہوں گا اطلاع عام کے لیے اعلان کیا جاتا ہے کہ میں نے اپنے بیٹے کو اپنی جائیداد سے عاق کر دیا ہے اس کے کسی قول و فعل کا میں ذمہ دار نہیں ہوں گا اطلاع عام کے لیے اعلان کیا جاتا ہے کہ میں نے اپنے بیٹے کو اپنی جائیداد سے عاق کر دیا ہے اس کے کسی قول و فعل کا میں ذمہ دار نہیں ہوں گا اطلاع عام کے لیے اعلان کیا جاتا ہے کہ میں نے اپنے بیٹے کو اپنی جائیداد سے عاق کر دیا ہے اس کے کسی قول و فعل کا میں ذمہ دار نہیں ہوں گا اطلاع عام کے لیے اعلان کیا جاتا ہے کہ میں نے اپنے بیٹے کو اپنی جائیداد سے عاق کر دیا ہے اس کے کسی قول و فعل کا میں ذمہ دار نہیں ہوں گا اطلاع عام کے لیے اعلان کیا جاتا ہے کہ میں نے اپنے بیٹے کو اپنی جائیداد سے عاق کر دیا ہے اس کے کسی قول و فعل کا میں ذمہ دار نہیں ہوں گا اطلاع عام کے لیے اعلان کیا جاتا ہے کہ میں نے اپنے بیٹے کو اپنی جائیداد سے عاق کر دیا ہے اس کے کسی قول و فعل کا میں ذمہ دار نہیں ہوں گا اطلاع عام کے لیے اعلان کیا جاتا ہے کہ میں نے
اشتہار نمبر 19
اطلاع عام کے لیے اعلان کیا جاتا ہے کہ میں نے اپنے بیٹے کو اپنی جائیداد سے عاق کر دیا ہے اس کے کسی قول و فعل کا میں ذمہ دار نہیں ہوں گا اطلاع عام کے لیے اعلان کیا جاتا ہے کہ میں نے اپنے بیٹے کو اپنی جائیداد سے عاق کر دیا ہے اس کے کسی قول و فعل کا میں ذمہ دار نہیں ہوں گا اطلاع عام کے لیے اعلان کیا جاتا ہے کہ میں نے اپنے بیٹے کو اپنی جائیداد سے عاق کر دیا ہے اس کے کسی قول و فعل کا میں ذمہ دار نہیں ہوں گا اطلاع عام کے لیے اعلان کیا جاتا ہے کہ میں نے اپنے بیٹے کو اپنی جائیداد سے عاق کر دیا ہے اس کے کسی قول و فعل کا میں ذمہ دار نہیں ہوں گا اطلاع عام کے لیے اعلان کیا جاتا ہے کہ میں نے اپنے بیٹے کو اپنی جائیداد سے عاق کر دیا ہے اس کے کسی قول و فعل کا میں ذمہ دار نہیں ہوں گا اطلاع عام کے لیے اعلان کیا جاتا ہے کہ میں نے اپنے بیٹے کو اپنی جائیداد سے عاق کر دیا ہے اس کے کسی قول و فعل کا میں ذمہ دار نہیں ہوں گا اطلاع عام کے لیے اعلان کیا جاتا
اشتہار نمبر 20
اطلاع عام کے لیے اعلان کیا جاتا ہے کہ میں نے اپنے بیٹے کو اپنی جائیداد سے عاق کر دیا ہے اس کے کسی قول و فعل کا میں ذمہ دار نہیں ہوں گا اطلاع عام کے لیے اعلان کیا جاتا ہے کہ میں نے اپنے بیٹے کو اپنی جائیداد سے عاق کر دیا ہے اس کے کسی قول و فعل کا میں ذمہ دار نہیں ہوں گا اطلاع عام کے لیے اعلان کیا جاتا ہے کہ میں نے اپنے بیٹے کو اپنی جائیداد سے عاق کر دیا ہے اس کے کسی قول و فعل کا میں ذمہ دار نہیں ہوں گا اطلاع عام کے لیے اعلان کیا جاتا ہے کہ میں نے اپنے بیٹے کو اپنی جائیداد سے عاق کر دیا ہے اس کے کسی قول و فعل کا میں ذمہ دار نہیں ہوں گا اطلاع عام کے لیے اعلان کیا جاتا ہے کہ میں نے اپنے بیٹے کو اپنی جائیداد سے عاق کر دیا ہے اس کے کسی قول و فعل کا میں ذمہ دار نہیں ہوں گا اطلاع عام کے لیے اعلان کیا جاتا ہے کہ میں نے اپنے بیٹے کو اپنی
اشتہار نمبر 21
اطلاع عام کے لیے اعلان کیا جاتا ہے کہ میں نے اپنے بیٹے کو اپنی جائیداد سے عاق کر دیا ہے اس کے کسی قول و فعل کا میں ذمہ دار نہیں ہوں گا اطلاع عام کے لیے اعلان کیا جاتا ہے کہ میں نے اپنے بیٹے کو اپنی جائیداد سے عاق کر دیا ہے اس کے کسی قول و فعل کا میں ذمہ دار نہیں ہوں گا اطلاع عام کے لیے اعلان کیا جاتا ہے کہ میں نے اپنے بیٹے کو اپنی جائیداد سے عاق کر دیا ہے اس کے کسی قول و فعل کا میں ذمہ دار نہیں ہوں گا اطلاع عام کے لیے اعلان کیا جاتا ہے کہ میں نے اپنے بیٹے کو اپنی جائیداد سے عاق کر دیا ہے اس کے کسی قول و فعل کا میں ذمہ دار نہیں ہوں گا اطلاع عام کے لیے اعلان کیا جاتا ہے کہ میں نے اپنے بیٹے کو اپنی جائیداد سے عاق کر دیا ہے اس کے کسی قول و فعل کا میں ذمہ دار نہیں ہوں گا اطلاع عام کے لیے اعلان کیا جاتا ہے کہ میں نے اپنے بیٹے کو اپنی جائیداد سے عاق کر دیا ہے اس کے کسی قول و فعل کا میں ذمہ دار نہیں ہوں گا اطلاع عام کے لیے اعلان کیا جاتا ہے کہ میں نے اپنے بیٹے کو اپنی جائیداد سے عاق کر دیا ہے اس کے کسی قول و فعل کا میں ذمہ دار نہیں ہوں گا اطلاع عام کے لیے اعلان کیا جاتا ہے کہ میں نے اپنے بیٹے کو اپنی جائیداد سے عاق کر دیا ہے اس کے کسی قول و فعل کا میں ذمہ دار نہیں ہوں گا اطلاع عام کے لیے اعلان کیا جاتا ہے کہ میں نے اپنے بیٹے کو اپنی جائیداد سے عاق کر دیا ہے اس کے کسی قول و فعل کا میں ذمہ دار نہیں ہوں گا اطلاع عام کے لیے اعلان کیا جاتا ہے کہ میں نے اپنے بیٹے کو اپنی جائیداد سے عاق کر دیا ہے اس کے کسی قول و فعل کا میں ذمہ دار نہیں ہوں گا اطلاع عام کے لیے اعلان کیا جاتا ہے کہ میں نے اپنے بیٹے کو اپنی جائیداد سے عاق کر دیا ہے اس کے کسی قول و فعل کا میں ذمہ دار نہیں ہوں گا اطلاع عام کے لیے اعلان کیا جاتا ہے کہ میں نے اپنے بیٹے کو اپنی جائیداد سے عاق کر دیا ہے اس کے کسی قول و فعل کا میں ذمہ دار نہیں ہوں گا اطلاع عام کے لیے اعلان کیا جاتا ہے کہ میں نے اپنے بیٹے کو اپنی جائیداد سے عاق کر دیا ہے اس کے کسی قول و فعل کا میں ذمہ دار نہیں ہوں گا اطلاع عام کے لیے اعلان کیا جاتا ہے کہ میں نے اپنے بیٹے کو اپنی جائیداد سے عاق کر دیا ہے اس کے کسی قول و فعل کا میں ذمہ دار نہیں ہوں گا اطلاع عام کے لیے اعلان کیا جاتا ہے کہ میں نے اپنے بیٹے کو اپنی جائیداد سے عاق کر دیا ہے اس کے کسی قول و فعل کا میں ذمہ دار نہیں ہوں گا اطلاع عام کے لیے اعلان کیا جاتا ہے کہ میں نے اپنے بیٹے کو اپنی جائیداد سے عاق کر
اشتہار نمبر 22
اطلاع عام کے لیے اعلان کیا جاتا ہے کہ میں نے اپنے بیٹے کو اپنی جائیداد سے عاق کر دیا ہے اس کے کسی قول و فعل کا میں ذمہ دار نہیں ہوں گا اطلاع عام کے لیے اعلان کیا جاتا ہے کہ میں نے اپنے بیٹے کو اپنی جائیداد سے عاق کر دیا ہے اس کے کسی قول و فعل کا میں ذمہ دار نہیں ہوں گا اطلاع عام کے لیے اعلان کیا جاتا ہے کہ میں نے اپنے بیٹے کو اپنی جائیداد سے عاق کر دیا ہے اس کے کسی قول و فعل کا میں ذمہ دار نہیں ہوں گا اطلاع عام کے لیے اعلان کیا جاتا ہے کہ میں نے اپنے بیٹے کو اپنی جائیداد سے عاق کر دیا ہے اس کے کسی قول و فعل کا میں ذمہ دار نہیں ہوں گا اطلاع عام کے لیے اعلان کیا جاتا ہے کہ میں نے اپنے بیٹے کو اپنی جائیداد سے عاق کر دیا ہے اس کے کسی قول و فعل کا میں ذمہ دار نہیں ہوں گا اطلاع عام کے لیے اعلان کیا جاتا ہے کہ میں نے اپنے بیٹے کو اپنی جائیداد سے عاق کر دیا ہے اس کے کسی قول و فعل کا میں ذمہ دار نہیں ہوں گا اطلاع عام کے لیے اعلان کیا جاتا ہے کہ میں نے اپنے بیٹے کو اپنی جائیداد سے عاق کر دیا ہے اس کے کسی قول و فعل کا میں ذمہ دار نہیں ہوں گا اطلاع عام کے لیے اعلان کیا جاتا ہے کہ میں نے اپنے بیٹے کو اپنی جائیداد سے عاق کر دیا ہے اس کے کسی قول و فعل کا میں ذمہ دار نہیں ہوں گا اطلاع عام کے لیے اعلان کیا جاتا ہے کہ میں نے اپنے بیٹے کو اپنی جائیداد سے عاق کر
اشتہار نمبر 23
اطلاع عام کے لیے اعلان کیا جاتا ہے کہ میں نے اپنے بیٹے کو اپنی جائیداد سے عاق کر دیا ہے اس کے کسی قول و فعل کا میں ذمہ دار نہیں ہوں گا اطلاع عام کے لیے اعلان کیا جاتا ہے کہ میں نے اپنے بیٹے کو اپنی جائیداد سے عاق کر دیا ہے اس کے کسی قول و فعل کا میں ذمہ دار نہیں ہوں گا اطلاع عام کے لیے اعلان کیا جاتا ہے کہ میں نے اپنے بیٹے کو اپنی جائیداد سے عاق کر دیا ہے اس کے کسی قول و فعل کا میں ذمہ دار نہیں ہوں گا اطلاع عام کے لیے اعلان کیا جاتا ہے کہ میں نے اپنے بیٹے کو اپنی جائیداد سے عاق کر دیا ہے اس کے کسی قول و فعل کا میں ذمہ دار نہیں ہوں گا اطلاع عام کے لیے اعلان کیا جاتا ہے کہ میں نے اپنے بیٹے کو اپنی جائیداد سے عاق کر دیا ہے اس کے کسی قول و فعل کا میں ذمہ دار نہیں ہوں گا اطلاع عام کے لیے اعلان کیا جاتا ہے کہ میں نے اپنے بیٹے کو اپنی جائیداد سے عاق کر دیا ہے اس کے کسی قول و فعل کا میں ذمہ دار نہیں ہوں گا اطلاع عام کے لیے اعلان کیا جاتا ہے کہ میں نے اپنے بیٹے کو اپنی جائیداد سے عاق کر دیا ہے اس کے کسی قول و فعل کا میں ذمہ دار نہیں ہوں گا اطلاع عام کے لیے اعلان کیا جاتا ہے کہ میں نے اپنے بیٹے کو اپنی جائیداد سے عاق کر دیا ہے اس کے کسی قول و فعل کا میں ذمہ دار نہیں ہوں گا اطلاع عام کے لیے اعلان کیا جاتا ہے کہ میں نے اپنے بیٹے کو اپنی جائیداد سے عاق کر دیا ہے اس کے کسی قول و فعل کا میں ذمہ دار نہیں ہوں گا اطلاع عام کے لیے اعلان کیا جاتا ہے کہ میں نے اپنے بیٹے کو اپنی جائیداد سے عاق کر دیا ہے اس کے کسی قول و فعل کا میں ذمہ دار نہیں ہوں گا اطلاع عام کے
اشتہار نمبر 24
اطلاع عام کے لیے اعلان کیا جاتا ہے کہ میں نے اپنے بیٹے کو اپنی جائیداد سے عاق کر دیا ہے اس کے کسی قول و فعل کا میں ذمہ دار نہیں ہوں گا اطلاع عام کے لیے اعلان کیا جاتا ہے کہ میں نے اپنے بیٹے کو اپنی جائیداد سے عاق کر دیا ہے اس کے کسی قول و فعل کا میں ذمہ دار نہیں ہوں گا اطلاع عام کے لیے اعلان کیا جاتا ہے کہ میں نے اپنے بیٹے کو اپنی جائیداد سے عاق کر دیا ہے اس کے کسی قول و فعل کا میں ذمہ دار نہیں ہوں گا اطلاع عام کے لیے اعلان کیا جاتا ہے کہ میں نے اپنے بیٹے کو اپنی جائیداد سے عاق کر دیا ہے اس کے کسی قول و فعل کا میں ذمہ دار نہیں ہوں گا اطلاع عام کے لیے اعلان کیا جاتا ہے کہ میں نے اپنے بیٹے کو اپنی جائیداد سے عاق کر دیا ہے اس کے کسی قول و فعل کا میں ذمہ دار نہیں ہوں گا اطلاع عام کے لیے اعلان کیا جاتا ہے کہ میں نے اپنے بیٹے کو اپنی جائیداد سے عاق کر دیا ہے اس کے کسی قول و فعل کا میں ذمہ دار نہیں ہوں گا اطلاع عام کے لیے اعلان کیا جاتا ہے کہ میں نے اپنے بیٹے کو اپنی جائیداد سے عاق کر دیا ہے اس کے کسی قول و فعل کا میں ذمہ دار نہیں ہوں گا اطلاع عام کے لیے اعلان کیا جاتا ہے کہ میں نے اپنے بیٹے کو اپنی جائیداد سے عاق کر دیا ہے اس کے کسی قول و فعل کا میں ذمہ دار نہیں ہوں گا اطلاع عام کے لیے اعلان کیا جاتا ہے کہ میں نے اپنے بیٹے کو اپنی جائیداد سے عاق کر دیا ہے اس کے کسی قول و فعل کا میں ذمہ دار نہیں ہوں گا اطلاع عام کے لیے اعلان کیا جاتا ہے کہ میں نے اپنے بیٹے کو اپنی جائیداد سے عاق کر دیا ہے اس کے کسی قول و فعل کا میں ذمہ دار نہیں ہوں گا اطلاع عام کے
اشتہار نمبر 25
اطلاع عام کے لیے اعلان کیا جاتا ہے کہ میں نے اپنے بیٹے کو اپنی جائیداد سے عاق کر دیا ہے اس کے کسی قول و فعل کا میں ذمہ دار نہیں ہوں گا اطلاع عام کے لیے اعلان کیا جاتا ہے کہ میں نے اپنے بیٹے کو اپنی جائیداد سے عاق کر دیا ہے اس کے کسی قول و فعل کا میں ذمہ دار نہیں ہوں گا اطلاع عام کے لیے اعلان کیا جاتا ہے کہ میں نے اپنے بیٹے کو اپنی جائیداد سے عاق کر دیا ہے اس کے کسی قول و فعل کا میں ذمہ دار نہیں ہوں گا اطلاع عام کے لیے اعلان کیا جاتا ہے کہ میں نے اپنے بیٹے کو اپنی جائیداد سے عاق کر دیا ہے اس کے کسی قول و فعل کا میں ذمہ دار نہیں ہوں گا اطلاع عام کے لیے اعلان کیا جاتا ہے کہ میں نے اپنے بیٹے کو اپنی جائیداد سے عاق کر دیا ہے اس کے کسی قول و فعل کا میں ذمہ دار نہیں ہوں گا اطلاع عام کے لیے اعلان کیا جاتا ہے کہ میں نے اپنے بیٹے کو اپنی جائیداد سے عاق کر دیا ہے اس کے کسی قول و فعل کا میں ذمہ دار نہیں ہوں گا اطلاع عام کے لیے اعلان کیا جاتا ہے کہ میں نے اپنے بیٹے کو اپنی جائیداد سے عاق کر دیا ہے اس کے کسی قول و فعل کا میں ذمہ دار نہیں ہوں گا اطلاع عام کے لیے اعلان کیا جاتا ہے کہ میں نے اپنے بیٹے کو اپنی جائیداد سے عاق کر دیا ہے اس کے کسی قول و فعل کا میں ذمہ دار نہیں ہوں گا اطلاع عام کے لیے اعلان کیا جاتا ہے کہ میں نے اپنے بیٹے کو اپنی جائیداد سے عاق کر دیا ہے اس کے کسی قول و فعل کا میں ذمہ دار نہیں ہوں گا اطلاع عام کے لیے اعلان کیا جاتا ہے کہ میں نے اپنے بیٹے کو اپنی جائیداد سے عاق کر دیا ہے اس کے کسی قول و فعل کا میں ذمہ دار نہیں ہوں گا اطلاع عام کے
اشتہار نمبر 26
اطلاع عام کے لیے اعلان کیا جاتا ہے کہ میں نے اپنے بیٹے کو اپنی جائیداد سے عاق کر دیا ہے اس کے کسی قول و فعل کا میں ذمہ دار نہیں ہوں گا اطلاع عام کے لیے اعلان کیا جاتا ہے کہ میں نے اپنے بیٹے کو اپنی جائیداد سے عاق کر دیا ہے اس کے کسی قول و فعل کا میں ذمہ دار نہیں ہوں گا اطلاع عام کے لیے اعلان کیا جاتا ہے کہ میں نے اپنے بیٹے کو اپنی جائیداد سے عاق کر دیا ہے اس کے کسی قول و فعل کا میں ذمہ دار نہیں ہوں گا اطلاع عام کے لیے اعلان کیا جاتا ہے کہ میں نے اپنے بیٹے کو اپنی جائیداد سے عاق کر دیا ہے اس کے کسی قول و فعل کا میں ذمہ دار نہیں ہوں گا اطلاع عام کے لیے اعلان کیا جاتا ہے کہ میں نے اپنے بیٹے کو اپنی جائیداد سے عاق کر دیا ہے اس کے کسی قول و فعل کا میں ذمہ دار نہیں ہوں گا اطلاع عام کے لیے اعلان کیا جاتا ہے کہ میں نے اپنے بیٹے کو اپنی جائیداد سے عاق کر دیا ہے اس کے کسی قول و فعل کا میں ذمہ دار نہیں ہوں گا اطلاع عام کے لیے اعلان کیا جاتا ہے کہ میں نے اپنے بیٹے کو اپنی جائیداد سے عاق کر دیا ہے اس کے کسی قول و فعل کا میں ذمہ دار نہیں ہوں گا اطلاع عام کے لیے اعلان کیا جاتا ہے کہ میں نے اپنے بیٹے کو اپنی جائیداد سے عاق کر دیا ہے اس کے کسی قول و فعل کا میں ذمہ دار نہیں ہوں گا اطلاع عام کے لیے اعلان کیا جاتا ہے کہ میں نے اپنے بیٹے کو اپنی جائیداد سے عاق کر دیا ہے اس کے کسی قول و فعل کا میں ذمہ دار نہیں ہوں گا اطلاع عام کے لیے اعلان کیا جاتا ہے کہ میں نے اپنے بیٹے کو اپنی جائیداد سے عاق کر دیا ہے اس کے کسی قول و فعل کا میں ذمہ دار نہیں ہوں گا اطلاع عام کے
اشتہار نمبر 27
اطلاع عام کے لیے اعلان کیا جاتا ہے کہ میں نے اپنے بیٹے کو اپنی جائیداد سے عاق کر دیا ہے اس کے کسی قول و فعل کا میں ذمہ دار نہیں ہوں گا اطلاع عام کے لیے اعلان کیا جاتا ہے کہ میں نے اپنے بیٹے کو اپنی جائیداد سے عاق کر دیا ہے اس کے کسی قول و فعل کا میں ذمہ دار نہیں ہوں گا اطلاع عام کے لیے اعلان کیا جاتا ہے کہ میں نے اپنے بیٹے کو اپنی جائیداد سے عاق کر دیا ہے اس کے کسی قول و فعل کا میں ذمہ دار نہیں ہوں گا اطلاع عام کے لیے اعلان کیا جاتا ہے کہ میں نے اپنے بیٹے کو اپنی جائیداد سے عاق کر دیا ہے اس کے کسی قول و فعل کا میں ذمہ دار نہیں ہوں گا اطلاع عام کے لیے اعلان کیا جاتا ہے کہ میں نے اپنے بیٹے کو اپنی جائیداد سے عاق کر دیا ہے اس کے کسی قول و فعل کا میں ذمہ دار نہیں ہوں گا اطلاع عام کے لیے اعلان کیا جاتا ہے کہ میں نے اپنے بیٹے کو اپنی جائیداد سے عاق کر دیا ہے اس کے کسی قول و فعل کا میں ذمہ دار نہیں ہوں گا اطلاع عام کے لیے اعلان کیا جاتا ہے کہ میں نے اپنے بیٹے کو اپنی جائیداد سے عاق کر دیا ہے اس کے کسی قول و فعل کا میں ذمہ دار نہیں ہوں گا اطلاع عام کے لیے اعلان کیا جاتا ہے کہ میں نے اپنے بیٹے کو اپنی جائیداد سے عاق کر دیا ہے اس کے کسی قول و فعل کا میں ذمہ دار نہیں ہوں گا اطلاع عام کے لیے اعلان کیا جاتا ہے کہ میں نے اپنے بیٹے کو اپنی جائیداد سے عاق کر دیا ہے اس کے کسی قول و فعل کا میں ذمہ دار نہیں ہوں گا اطلاع عام کے لیے اعلان کیا جاتا ہے کہ میں نے اپنے بیٹے کو اپنی جائیداد سے عاق کر دیا ہے اس کے کسی قول و فعل کا میں ذمہ دار نہیں ہوں گا اطلاع عام کے لیے اعلان کیا جاتا ہے کہ میں نے اپنے بیٹے کو اپنی جائیداد سے عاق کر دیا ہے اس کے کسی قول و فعل کا میں ذمہ دار نہیں ہوں گا اطلاع عام کے لیے اعلان کیا جاتا ہے کہ میں نے اپنے بیٹے کو اپنی جائیداد سے عاق کر دیا ہے اس کے کسی قول و فعل کا میں ذمہ دار نہیں ہوں گا اطلاع عام کے لیے اعلان کیا جاتا ہے کہ میں نے اپنے بیٹے کو اپنی جائیداد سے عاق کر دیا ہے اس کے کسی قول و فعل کا میں ذمہ دار نہیں ہوں گا اطلاع عام کے لیے اعلان کیا جاتا ہے کہ میں نے اپنے بیٹے کو اپنی جائیداد سے عاق کر دیا ہے اس کے کسی قول و فعل کا میں ذمہ دار نہیں ہوں گا
اشتہار نمبر 28
اطلاع عام کے لیے اعلان کیا جاتا ہے کہ میں نے اپنے بیٹے کو اپنی جائیداد سے عاق کر دیا ہے اس کے کسی قول و فعل کا میں ذمہ دار نہیں ہوں گا اطلاع عام کے لیے اعلان کیا جاتا ہے کہ میں نے اپنے بیٹے کو اپنی جائیداد سے عاق کر دیا ہے اس کے کسی قول و فعل کا میں ذمہ دار نہیں ہوں گا اطلاع عام کے لیے اعلان کیا جاتا ہے کہ میں نے اپنے بیٹے کو اپنی جائیداد سے عاق کر دیا ہے اس کے کسی قول و فعل کا میں ذمہ دار نہیں ہوں گا اطلاع عام کے لیے اعلان کیا جاتا ہے کہ میں نے اپنے بیٹے کو اپنی جائیداد سے عاق کر دیا ہے اس کے کسی قول و فعل کا میں ذمہ دار نہیں ہوں گا اطلاع عام کے لیے اعلان کیا جاتا ہے کہ میں نے اپنے بیٹے کو اپنی جائیداد سے عاق کر دیا ہے اس کے کسی قول و فعل کا میں ذمہ دار نہیں ہوں گا اطلاع عام کے لیے اعلان کیا جاتا ہے کہ میں نے اپنے بیٹے کو اپنی جائیداد سے عاق کر دیا ہے اس کے کسی قول و فعل کا میں ذمہ دار نہیں ہوں گا اطلاع عام کے لیے اعلان کیا جاتا ہے کہ میں نے اپنے بیٹے کو اپنی جائیداد سے عاق کر دیا ہے اس کے کسی قول و فعل کا میں ذمہ دار نہیں ہوں گا اطلاع عام کے لیے اعلان کیا جاتا ہے کہ میں نے اپنے بیٹے کو اپنی جائیداد سے عاق کر دیا ہے اس کے کسی قول و فعل کا میں ذمہ دار نہیں ہوں گا اطلاع عام کے لیے اعلان کیا جاتا ہے کہ میں نے اپنے بیٹے کو اپنی جائیداد سے عاق کر دیا ہے اس کے کسی قول و فعل کا میں ذمہ دار نہیں ہوں گا اطلاع عام کے لیے اعلان کیا جاتا ہے کہ میں نے اپنے بیٹے کو اپنی جائیداد سے عاق کر دیا ہے اس کے کسی قول و فعل کا میں ذمہ دار نہیں ہوں گا اطلاع عام کے لیے اعلان کیا جاتا ہے کہ میں نے اپنے بیٹے کو اپنی جائیداد سے عاق کر دیا ہے اس کے کسی قول و فعل کا میں ذمہ دار نہیں ہوں گا اطلاع عام کے لیے اعلان کیا جاتا ہے کہ میں نے اپنے بیٹے کو اپنی جائیداد سے عاق کر دیا ہے اس کے کسی قول و فعل کا میں ذمہ دار نہیں ہوں گا اطلاع عام کے لیے اعلان کیا جاتا ہے کہ میں نے اپنے بیٹے کو اپنی جائیداد سے عاق کر دیا ہے اس کے کسی قول و فعل کا میں ذمہ دار نہیں ہوں گا اطلاع عام کے لیے اعلان کیا جاتا ہے کہ میں نے اپنے بیٹے کو اپنی جائیداد سے عاق کر دیا ہے اس کے کسی قول و فعل کا میں ذمہ دار نہیں ہوں گا اطلاع عام کے لیے اعلان کیا جاتا ہے کہ میں نے اپنے بیٹے کو اپنی جائیداد سے عاق کر دیا ہے اس کے کسی قول و فعل کا میں ذمہ دار نہیں ہوں گا اطلاع عام کے لیے اعلان کیا جاتا ہے کہ میں نے اپنے بیٹے کو اپنی جائیداد سے عاق کر دیا ہے اس کے کسی قول و فعل کا میں ذمہ دار نہیں ہوں گا اطلاع عام کے لیے اعلان کیا جاتا ہے کہ میں نے اپنے بیٹے کو اپنی جائیداد سے عاق کر دیا ہے اس کے کسی قول و فعل کا میں ذمہ دار نہیں ہوں گا اطلاع عام کے لیے اعلان کیا جاتا ہے کہ میں نے اپنے بیٹے کو اپنی جائیداد سے عاق کر دیا ہے اس کے کسی قول و فعل کا میں ذمہ دار نہیں ہوں گا اطلاع عام کے لیے اعلان کیا جاتا ہے کہ میں نے اپنے بیٹے کو اپنی جائیداد سے عاق کر دیا ہے اس کے کسی قول و فعل کا میں ذمہ دار نہیں ہوں گا اطلاع عام کے لیے اعلان کیا جاتا ہے کہ میں نے اپنے بیٹے کو اپنی جائیداد سے عاق کر دیا ہے اس کے کسی قول و فعل کا میں ذمہ دار نہیں ہوں گا اطلاع عام کے لیے اعلان کیا جاتا ہے کہ میں نے اپنے بیٹے کو اپنی جائیداد سے عاق کر دیا ہے اس کے کسی قول و فعل کا میں ذمہ دار نہیں ہوں گا اطلاع عام کے لیے اعلان کیا جاتا ہے کہ میں نے اپنے بیٹے کو اپنی جائیداد سے عاق کر دیا ہے اس کے کسی قول و فعل کا میں ذمہ دار نہیں ہوں گا اطلاع عام کے لیے اعلان کیا جاتا ہے کہ میں نے اپنے بیٹے کو اپنی جائیداد سے عاق کر دیا ہے اس کے کسی قول و فعل کا میں ذمہ دار نہیں ہوں گا اطلاع عام کے لیے اعلان کیا جاتا ہے کہ میں نے اپنے بیٹے کو اپنی جائیداد سے عاق کر دیا ہے اس کے کسی قول و فعل کا میں ذمہ دار نہیں ہوں گا اطلاع عام کے لیے اعلان کیا جاتا ہے کہ میں نے اپنے بیٹے کو اپنی جائیداد سے عاق کر دیا ہے اس کے کسی قول و فعل کا میں ذمہ دار نہیں ہوں گا اطلاع عام کے لیے اعلان کیا جاتا ہے کہ میں نے اپنے بیٹے کو اپنی جائیداد سے عاق کر دیا ہے اس کے کسی قول و فعل کا میں ذمہ دار نہیں ہوں گا اطلاع عام کے لیے اعلان کیا جاتا ہے کہ میں نے اپنے بیٹے کو اپنی جائیداد سے عاق کر دیا ہے اس کے کسی قول و فعل کا میں ذمہ دار نہیں ہوں گا اطلاع عام کے لیے اعلان کیا جاتا ہے کہ میں نے اپنے بیٹے کو اپنی جائیداد سے عاق کر دیا ہے اس کے کسی قول و فعل کا میں ذمہ دار نہیں ہوں گا
اشتہار نمبر 29
اطلاع عام کے لیے اعلان کیا جاتا ہے کہ میں نے اپنے بیٹے کو اپنی جائیداد سے عاق کر دیا ہے اس کے کسی قول و فعل کا میں ذمہ دار نہیں ہوں گا اطلاع عام کے لیے اعلان کیا جاتا ہے کہ میں نے اپنے بیٹے کو اپنی جائیداد سے عاق کر دیا ہے اس کے کسی قول و فعل کا میں ذمہ دار نہیں ہوں گا اطلاع عام کے لیے اعلان کیا جاتا ہے کہ میں نے اپنے بیٹے کو اپنی جائیداد سے عاق کر دیا ہے اس کے کسی قول و فعل کا میں ذمہ دار نہیں ہوں گا اطلاع عام کے لیے اعلان کیا جاتا ہے کہ میں نے اپنے بیٹے کو اپنی جائیداد سے عاق کر دیا ہے اس کے کسی قول و فعل کا میں ذمہ دار نہیں ہوں گا اطلاع عام کے لیے اعلان کیا جاتا ہے کہ میں نے اپنے بیٹے کو اپنی جائیداد سے عاق کر دیا ہے اس کے کسی قول و فعل کا میں ذمہ دار نہیں ہوں گا اطلاع عام کے لیے اعلان کیا جاتا ہے کہ میں نے اپنے بیٹے کو اپنی جائیداد سے عاق کر دیا ہے اس کے کسی قول و فعل کا میں ذمہ دار نہیں ہوں گا اطلاع عام کے لیے اعلان کیا جاتا ہے کہ میں نے اپنے بیٹے کو اپنی جائیداد سے عاق کر دیا ہے اس کے کسی قول و فعل کا میں ذمہ دار نہیں ہوں گا اطلاع عام کے لیے اعلان کیا جاتا ہے کہ میں نے اپنے بیٹے کو اپنی جائیداد سے عاق کر دیا ہے اس کے کسی قول و فعل کا میں ذمہ دار نہیں ہوں گا اطلاع عام کے لیے اعلان کیا جاتا ہے کہ میں نے اپنے بیٹے کو اپنی جائیداد سے عاق کر دیا ہے اس کے کسی قول و فعل کا میں ذمہ دار نہیں ہوں گا اطلاع عام کے لیے اعلان کیا جاتا ہے کہ میں نے اپنے بیٹے کو اپنی جائیداد سے عاق کر دیا ہے اس کے کسی قول و فعل کا میں ذمہ دار نہیں ہوں گا اطلاع عام کے لیے اعلان کیا جاتا ہے کہ میں نے اپنے بیٹے کو اپنی جائیداد سے عاق کر دیا ہے اس کے کسی قول و فعل کا میں ذمہ دار نہیں ہوں گا اطلاع عام کے لیے اعلان کیا جاتا ہے کہ میں نے اپنے بیٹے کو اپنی جائیداد سے عاق کر دیا ہے اس کے کسی قول و فعل کا میں ذمہ دار نہیں ہوں گا اطلاع عام کے لیے اعلان کیا جاتا ہے کہ میں نے اپنے بیٹے کو اپنی جائیداد سے عاق کر دیا ہے اس کے کسی قول و فعل کا میں ذمہ دار نہیں ہوں گا اطلاع عام کے لیے اعلان کیا جاتا ہے کہ میں نے اپنے بیٹے کو اپنی جائیداد سے عاق کر دیا ہے اس کے کسی قول و فعل کا میں ذمہ دار نہیں ہوں گا اطلاع عام کے لیے اعلان کیا جاتا ہے کہ میں نے اپنے بیٹے کو اپنی جائیداد سے عاق کر دیا ہے اس کے کسی قول و فعل کا میں ذمہ دار نہیں ہوں گا اطلاع عام کے لیے اعلان کیا جاتا ہے کہ میں نے اپنے بیٹے کو اپنی جائیداد سے عاق کر
اشتہار نمبر 30
اطلاع عام کے لیے اعلان کیا جاتا ہے کہ میں نے اپنے بیٹے کو اپنی جائیداد سے عاق کر دیا ہے اس کے کسی قول و فعل کا میں ذمہ دار نہیں ہوں گا اطلاع عام کے لیے اعلان کیا جاتا ہے کہ میں نے اپنے بیٹے کو اپنی جائیداد سے عاق کر دیا ہے اس کے کسی قول و فعل کا میں ذمہ دار نہیں ہوں گا اطلاع عام کے لیے اعلان کیا جاتا ہے کہ میں نے اپنے بیٹے کو اپنی جائیداد سے عاق کر دیا ہے اس کے کسی قول و فعل کا میں ذمہ دار نہیں ہوں گا اطلاع عام کے لیے اعلان کیا جاتا ہے کہ میں نے اپنے بیٹے کو اپنی جائیداد سے عاق کر دیا ہے اس کے کسی قول و فعل کا میں ذمہ دار نہیں ہوں گا اطلاع عام کے لیے اعلان کیا جاتا ہے کہ میں نے اپنے بیٹے کو اپنی جائیداد سے عاق کر دیا ہے اس
اشتہار نمبر 31
اطلاع عام کے لیے اعلان کیا جاتا ہے کہ میں نے اپنے بیٹے کو اپنی جائیداد سے عاق کر دیا ہے اس کے کسی قول و فعل کا میں ذمہ دار نہیں ہوں گا اطلاع عام کے لیے اعلان کیا جاتا ہے کہ میں نے اپنے بیٹے کو اپنی جائیداد سے عاق کر دیا ہے اس کے کسی قول و فعل کا میں ذمہ دار نہیں ہوں گا اطلاع عام کے لیے اعلان کیا جاتا ہے کہ میں نے اپنے بیٹے کو اپنی جائیداد سے عاق کر دیا ہے اس کے کسی قول و فعل کا میں ذمہ دار نہیں ہوں گا اطلاع عام کے لیے اعلان کیا جاتا ہے کہ میں نے اپنے بیٹے کو اپنی جائیداد سے عاق کر دیا ہے اس کے کسی قول و فعل کا میں ذمہ دار نہیں ہوں گا اطلاع عام کے لیے اعلان کیا جاتا ہے کہ میں نے اپنے بیٹے کو اپنی جائیداد سے عاق کر دیا ہے اس کے کسی قول و فعل کا میں ذمہ دار نہیں ہوں گا اطلاع عام کے لیے اعلان کیا جاتا ہے کہ میں نے اپنے بیٹے کو اپنی جائیداد سے عاق کر دیا ہے اس کے کسی قول و فعل کا میں ذمہ دار نہیں ہوں گا اطلاع عام کے لیے اعلان کیا جاتا ہے کہ میں نے اپنے بیٹے کو اپنی جائیداد سے عاق کر دیا ہے اس کے کسی قول و فعل کا میں ذمہ دار نہیں ہوں گا اطلاع عام کے لیے اعلان کیا جاتا ہے کہ میں نے اپنے بیٹے کو اپنی جائیداد سے عاق کر دیا ہے اس کے کسی قول و فعل کا میں ذمہ دار نہیں ہوں گا اطلاع عام کے لیے اعلان کیا جاتا ہے کہ میں نے اپنے بیٹے کو اپنی جائیداد سے عاق کر دیا ہے اس کے کسی قول و فعل کا میں ذمہ دار نہیں ہوں گا اطلاع عام کے لیے اعلان کیا جاتا ہے کہ میں نے
اشتہار نمبر 32
اطلاع عام کے لیے اعلان کیا جاتا ہے کہ میں نے اپنے بیٹے کو اپنی جائیداد سے عاق کر دیا ہے اس کے کسی قول و فعل کا میں ذمہ دار نہیں ہوں گا اطلاع عام کے لیے اعلان کیا جاتا ہے کہ میں نے اپنے بیٹے کو اپنی جائیداد سے عاق کر دیا ہے اس کے کسی قول و فعل کا میں ذمہ دار نہیں ہوں گا اطلاع عام کے لیے اعلان کیا جاتا ہے کہ میں نے اپنے بیٹے کو اپنی جائیداد سے عاق کر دیا ہے اس کے کسی قول و فعل کا میں ذمہ دار نہیں ہوں گا اطلاع عام کے لیے اعلان کیا جاتا ہے کہ میں نے اپنے بیٹے کو اپنی جائیداد سے عاق کر دیا ہے اس کے کسی قول و فعل کا میں ذمہ دار نہیں ہوں گا اطلاع عام کے لیے اعلان کیا جاتا ہے کہ میں نے اپنے بیٹے کو اپنی جائیداد سے عاق کر دیا ہے اس کے کسی قول و فعل کا میں ذمہ دار نہیں ہوں گا اطلاع عام کے لیے اعلان کیا جاتا ہے کہ میں نے اپنے بیٹے کو اپنی جائیداد سے عاق کر دیا ہے اس کے کسی قول و فعل کا میں ذمہ دار نہیں ہوں گا اطلاع عام کے لیے اعلان کیا جاتا ہے کہ میں نے اپنے بیٹے کو اپنی جائیداد سے عاق کر دیا ہے اس کے کسی قول و فعل کا میں ذمہ دار نہیں ہوں گا اطلاع عام کے لیے اعلان کیا جاتا ہے کہ میں نے اپنے بیٹے کو اپنی جائیداد سے عاق کر دیا ہے اس کے کسی قول و فعل کا میں ذمہ دار نہیں ہوں گا اطلاع عام کے لیے اعلان کیا جاتا ہے کہ میں نے اپنے بیٹے کو اپنی جائیداد سے عاق کر دیا ہے اس کے کسی قول و فعل کا میں ذمہ دار نہیں ہوں گا اطلاع عام کے لیے اعلان کیا جاتا ہے کہ میں نے اپنے بیٹے کو اپنی جائیداد سے عاق کر دیا ہے اس کے کسی قول و فعل کا میں ذمہ دار نہیں ہوں گا اطلاع عام کے لیے اعلان کیا جاتا ہے کہ میں نے اپنے بیٹے کو اپنی جائیداد سے عاق کر دیا ہے اس کے کسی قول و فعل کا میں ذمہ دار نہیں ہوں گا اطلاع عام کے لیے اعلان کیا جاتا ہے کہ میں نے اپنے بیٹے کو اپنی جائیداد سے عاق کر دیا ہے اس کے کسی قول و فعل کا میں ذمہ دار نہیں ہوں گا اطلاع عام کے لیے اعلان کیا جاتا ہے کہ میں نے اپنے بیٹے کو اپنی جائیداد سے عاق کر دیا ہے اس کے کسی قول و فعل کا میں ذمہ دار نہیں ہوں گا اطلاع عام کے لیے اعلان کیا جاتا
اشتہار نمبر 33
اطلاع عام کے لیے اعلان کیا جاتا ہے کہ میں نے اپنے بیٹے کو اپنی جائیداد سے عاق کر دیا ہے اس کے کسی قول و فعل کا میں ذمہ دار نہیں ہوں گا اطلاع عام کے لیے اعلان کیا جاتا ہے کہ میں نے اپنے بیٹے کو اپنی جائیداد سے عاق کر دیا ہے اس کے کسی قول و فعل کا میں ذمہ دار نہیں ہوں گا اطلاع عام کے لیے اعلان کیا جاتا ہے کہ میں نے
اشتہار نمبر 34
اطلاع عام کے لیے اعلان کیا جاتا ہے کہ میں نے اپنے بیٹے کو اپنی جائیداد سے عاق کر دیا ہے اس کے کسی قول و فعل کا میں ذمہ دار نہیں ہوں گا اطلاع عام کے لیے اعلان کیا جاتا ہے کہ میں نے اپنے بیٹے کو اپنی جائیداد سے عاق کر دیا ہے اس کے کسی قول و فعل کا میں ذمہ دار نہیں ہوں گا اطلاع عام کے لیے اعلان کیا جاتا ہے کہ میں نے اپنے بیٹے کو اپنی جائیداد سے عاق کر دیا ہے اس کے کسی قول و فعل کا میں ذمہ دار نہیں ہوں گا اطلاع عام کے لیے اعلان کیا جاتا ہے کہ میں نے اپنے بیٹے کو اپنی جائیداد سے عاق کر دیا ہے اس کے کسی قول و فعل کا میں ذمہ دار نہیں ہوں گا اطلاع عام کے لیے اعلان کیا جاتا ہے کہ میں نے اپنے بیٹے کو اپنی جائیداد سے عاق کر دیا ہے اس کے کسی قول و فعل کا میں ذمہ دار نہیں ہوں گا اطلاع عام کے لیے اعلان کیا جاتا ہے کہ میں نے اپنے بیٹے کو اپنی جائیداد سے عاق کر دیا ہے اس کے کسی قول و فعل کا میں ذمہ دار نہیں ہوں گا اطلاع عام کے لیے اعلان کیا جاتا ہے کہ میں نے اپنے بیٹے کو اپنی جائیداد سے عاق کر دیا ہے اس کے کسی قول و فعل کا میں ذمہ دار نہیں ہوں گا اطلاع عام کے لیے اعلان کیا جاتا ہے کہ میں نے اپنے بیٹے کو اپنی جائیداد سے عاق کر دیا ہے اس کے کسی قول و فعل کا میں ذمہ دار نہیں ہوں گا اطلاع عام کے لیے اعلان کیا جاتا ہے کہ میں نے اپنے بیٹے کو اپنی جائیداد سے عاق کر
اشتہار نمبر 35
اطلاع عام کے لیے اعلان کیا جاتا ہے کہ میں نے اپنے بیٹے کو اپنی جائیداد سے عاق کر دیا ہے اس کے کسی قول و فعل کا میں ذمہ دار نہیں ہوں گا اطلاع عام کے لیے اعلان کیا جاتا ہے کہ میں نے اپنے بیٹے کو اپنی جائیداد سے عاق کر دیا ہے اس کے کسی قول و فعل کا میں ذمہ دار نہیں ہوں گا اطلاع عام کے لیے اعلان کیا جاتا ہے کہ میں نے اپنے بیٹے کو اپنی جائیداد سے عاق کر دیا ہے اس کے کسی قول و فعل کا میں ذمہ دار نہیں ہوں گا اطلاع عام کے لیے اعلان کیا جاتا ہے کہ میں نے اپنے بیٹے کو اپنی جائیداد سے عاق کر دیا ہے اس کے کسی قول و فعل کا میں ذمہ دار نہیں ہوں گا اطلاع عام کے لیے اعلان کیا جاتا ہے کہ میں نے اپنے بیٹے کو اپنی جائیداد سے عاق کر دیا ہے اس کے کسی قول و فعل کا میں ذمہ دار نہیں ہوں گا اطلاع عام کے لیے اعلان کیا جاتا ہے کہ میں نے اپنے بیٹے کو اپنی جائیداد سے عاق کر دیا ہے اس کے کسی قول و فعل کا میں ذمہ دار نہیں ہوں گا اطلاع عام کے لیے اعلان کیا جاتا ہے کہ میں نے اپنے بیٹے کو اپنی جائیداد سے عاق کر دیا ہے اس کے کسی قول و فعل کا میں ذمہ دار نہیں ہوں گا اطلاع عام کے لیے اعلان کیا جاتا ہے کہ میں نے اپنے بیٹے کو اپنی جائیداد سے عاق کر دیا ہے اس کے کسی قول و فعل کا میں ذمہ دار نہیں ہوں گا اطلاع عام کے لیے اعلان کیا جاتا ہے کہ میں نے اپنے بیٹے کو اپنی جائیداد سے عاق کر دیا ہے اس کے کسی قول و فعل کا میں ذمہ دار نہیں ہوں گا اطلاع عام کے لیے اعلان کیا جاتا ہے کہ میں نے
اشتہار نمبر 36
اطلاع عام کے لیے اعلان کیا جاتا ہے کہ میں نے اپنے بیٹے کو اپنی جائیداد سے عاق کر دیا ہے اس کے کسی قول و فعل کا میں ذمہ دار نہیں ہوں گا اطلاع عام کے لیے اعلان کیا جاتا ہے کہ میں نے اپنے بیٹے کو اپنی جائیداد سے عاق کر دیا ہے اس کے کسی قول و فعل کا میں ذمہ دار نہیں ہوں گا اطلاع عام کے لیے اعلان کیا جاتا ہے کہ میں نے اپنے بیٹے کو اپنی جائیداد سے عاق کر دیا ہے اس کے کسی قول و فعل کا میں ذمہ دار نہیں ہوں گا اطلاع عام کے لیے اعلان کیا جاتا ہے کہ میں نے اپنے بیٹے کو اپنی جائیداد سے عاق کر دیا ہے اس کے کسی قول و فعل کا میں ذمہ دار نہیں ہوں گا اطلاع عام کے لیے اعلان کیا جاتا ہے کہ میں نے اپنے بیٹے کو اپنی جائیداد سے عاق کر دیا ہے اس کے کسی قول و فعل کا میں ذمہ دار نہیں ہوں گا اطلاع عام کے لیے اعلان کیا جاتا ہے کہ میں نے اپنے بیٹے کو اپنی جائیداد سے عاق کر دیا ہے اس کے کسی قول و فعل کا میں ذمہ دار نہیں ہوں گا اطلاع عام کے لیے اعلان کیا جاتا ہے کہ میں نے اپنے بیٹے کو اپنی جائیداد سے عاق کر دیا ہے اس کے کسی قول و فعل کا میں ذمہ دار نہیں ہوں گا اطلاع عام کے لیے اعلان کیا جاتا ہے کہ میں نے اپنے بیٹے کو اپنی جائیداد سے عاق کر دیا ہے اس کے کسی قول و فعل کا میں ذمہ دار نہیں ہوں گا اطلاع عام کے لیے اعلان کیا جاتا ہے کہ میں نے اپنے بیٹے کو اپنی جائیداد سے عاق کر دیا ہے اس کے کسی قول و فعل کا میں ذمہ دار نہیں ہوں گا اطلاع عام کے لیے اعلان کیا جاتا ہے کہ میں نے
اشتہار نمبر 37
اطلاع عام کے لیے اعلان کیا جاتا ہے کہ میں نے اپنے بیٹے کو اپنی جائیداد سے عاق کر دیا ہے اس کے کسی قول و فعل کا میں ذمہ دار نہیں ہوں گا اطلاع عام کے لیے اعلان کیا جاتا ہے کہ میں نے اپنے بیٹے کو اپنی جائیداد سے عاق کر دیا ہے اس کے کسی قول و فعل کا میں ذمہ دار نہیں ہوں گا اطلاع عام کے لیے اعلان کیا جاتا ہے کہ میں نے اپنے بیٹے کو اپنی جائیداد سے عاق کر دیا ہے اس کے کسی قول و فعل کا میں ذمہ دار نہیں ہوں گا اطلاع عام کے لیے اعلان کیا جاتا ہے کہ میں نے اپنے بیٹے کو اپنی جائیداد سے عاق کر دیا ہے اس کے کسی قول و فعل کا میں ذمہ دار نہیں ہوں گا اطلاع عام کے لیے اعلان کیا جاتا ہے کہ میں نے اپنے بیٹے کو اپنی جائیداد سے عاق کر دیا ہے اس کے کسی قول و فعل کا میں ذمہ دار نہیں ہوں گا اطلاع عام کے لیے اعلان کیا جاتا ہے کہ میں نے اپنے بیٹے کو اپنی جائیداد سے عاق کر دیا ہے اس کے کسی قول و فعل کا میں ذمہ دار نہیں ہوں گا اطلاع عام کے لیے اعلان کیا جاتا
اشتہار نمبر 38
اطلاع عام کے لیے اعلان کیا جاتا ہے کہ میں نے اپنے بیٹے کو اپنی جائیداد سے عاق کر دیا ہے اس کے کسی قول و فعل کا میں ذمہ دار نہیں ہوں گا اطلاع عام کے لیے اعلان کیا جاتا ہے کہ میں نے اپنے بیٹے کو اپنی جائیداد سے عاق کر دیا ہے اس کے کسی قول و فعل کا میں ذمہ دار نہیں ہوں گا اطلاع عام کے لیے اعلان کیا جاتا ہے کہ میں نے اپنے بیٹے کو اپنی جائیداد سے عاق کر دیا ہے اس کے کسی قول و فعل کا میں ذمہ دار نہیں ہوں گا اطلاع عام کے لیے اعلان کیا جاتا ہے کہ میں نے اپنے بیٹے کو اپنی جائیداد سے عاق کر دیا ہے اس کے کسی قول و فعل کا میں ذمہ دار نہیں ہوں گا اطلاع عام کے لیے اعلان کیا جاتا ہے کہ میں نے اپنے بیٹے کو اپنی جائیداد سے عاق کر دیا ہے اس کے کسی قول و فعل کا میں ذمہ دار نہیں ہوں گا اطلاع عام کے لیے اعلان کیا جاتا ہے کہ میں نے اپنے بیٹے کو اپنی جائیداد سے عاق کر دیا ہے اس کے کسی قول و فعل کا میں ذمہ دار نہیں ہوں گا اطلاع عام کے لیے اعلان کیا جاتا ہے کہ میں نے اپنے بیٹے کو اپنی جائیداد سے عاق کر دیا ہے اس کے کسی قول و فعل کا میں ذمہ دار نہیں ہوں گا اطلاع عام کے لیے اعلان کیا جاتا ہے کہ میں نے اپنے بیٹے کو اپنی جائیداد سے عاق کر دیا ہے اس کے کسی قول و فعل کا میں ذمہ دار نہیں ہوں گا اطلاع عام کے لیے اعلان کیا جاتا ہے کہ میں نے اپنے بیٹے کو اپنی جائیداد سے عاق کر دیا ہے اس کے کسی قول و فعل کا میں ذمہ دار نہیں ہوں گا اطلاع عام کے لیے اعلان کیا جاتا ہے کہ میں نے اپنے بیٹے کو اپنی جائیداد سے عاق کر دیا ہے اس کے کسی قول و فعل کا میں ذمہ دار نہیں ہوں گا اطلاع عام کے لیے اعلان کیا جاتا ہے کہ میں نے اپنے بیٹے کو اپنی جائیداد سے عاق کر دیا ہے اس کے کسی قول و فعل کا میں ذمہ دار نہیں ہوں گا اطلاع عام کے لیے اعلان کیا جاتا ہے کہ میں نے اپنے بیٹے کو اپنی جائیداد سے عاق کر دیا ہے اس کے کسی قول و فعل کا میں ذمہ دار نہیں ہوں گا اطلاع عام کے لیے اعلان کیا جاتا ہے کہ میں نے اپنے بیٹے کو اپنی جائیداد سے عاق کر دیا ہے اس کے کسی قول و فعل کا میں ذمہ دار نہیں ہوں گا اطلاع عام کے لیے اعلان کیا جاتا ہے کہ میں نے اپنے بیٹے کو اپنی جائیداد سے عاق کر دیا ہے اس کے کسی قول و فعل کا میں ذمہ دار نہیں ہوں گا اطلاع عام کے لیے اعلان کیا جاتا ہے کہ میں نے اپنے بیٹے کو اپنی جائیداد سے عاق کر دیا ہے اس کے کسی قول و فعل کا میں ذمہ دار نہیں ہوں گا اطلاع عام کے لیے اعلان کیا جاتا ہے کہ میں نے اپنے بیٹے کو اپنی جائیداد سے عاق کر دیا ہے اس کے کسی قول و فعل کا میں ذمہ دار نہیں ہوں گا اطلاع عام کے لیے اعلان کیا جاتا ہے کہ میں نے اپنے بیٹے کو اپنی جائیداد سے عاق کر دیا ہے اس کے کسی قول و فعل کا میں ذمہ دار نہیں ہوں گا اطلاع عام کے
اشتہار نمبر 39
اطلاع عام کے لیے اعلان کیا جاتا ہے کہ میں نے اپنے بیٹے کو اپنی جائیداد سے عاق کر دیا ہے اس کے کسی قول و فعل
اشتہار نمبر 40
اطلاع عام کے لیے اعلان کیا جاتا ہے کہ میں نے اپنے بیٹے کو اپنی جائیداد سے عاق کر دیا ہے اس کے کسی قول و فعل کا میں ذمہ دار نہیں ہوں گا اطلاع عام کے لیے اعلان کیا جاتا ہے کہ میں نے اپنے بیٹے کو اپنی جائیداد سے عاق کر دیا ہے اس کے کسی قول و فعل کا میں ذمہ دار نہیں ہوں گا اطلاع عام کے لیے اعلان کیا جاتا ہے کہ میں نے اپنے بیٹے کو اپنی جائیداد سے عاق کر دیا ہے اس کے کسی قول و فعل کا میں ذمہ دار نہیں ہوں گا اطلاع عام کے لیے اعلان کیا جاتا ہے کہ میں نے اپنے بیٹے کو اپنی جائیداد سے عاق کر دیا ہے اس کے کسی قول و فعل کا میں ذمہ دار نہیں ہوں گا اطلاع عام کے لیے اعلان کیا جاتا ہے کہ میں نے اپنے بیٹے کو اپنی جائیداد سے عاق کر دیا ہے اس کے کسی قول و فعل کا میں ذمہ دار نہیں ہوں گا اطلاع عام کے لیے اعلان کیا جاتا ہے کہ میں نے اپنے بیٹے کو اپنی جائیداد سے عاق کر دیا ہے اس کے کسی قول و فعل کا میں ذمہ دار نہیں ہوں گا اطلاع عام کے لیے اعلان کیا جاتا ہے کہ میں نے اپنے بیٹے کو اپنی جائیداد سے عاق کر دیا ہے اس کے کسی قول و فعل کا میں ذمہ دار نہیں ہوں گا اطلاع عام کے لیے اعلان کیا جاتا ہے کہ میں نے اپنے بیٹے کو اپنی جائیداد سے عاق کر دیا ہے اس کے کسی قول و فعل کا میں ذمہ دار نہیں ہوں گا اطلاع عام کے لیے اعلان کیا جاتا ہے کہ میں نے اپنے بیٹے کو اپنی جائیداد سے عاق کر
اشتہار نمبر 41
اطلاع عام کے لیے اعلان کیا جاتا ہے کہ میں نے اپنے بیٹے کو اپنی جائیداد سے عاق کر دیا ہے اس کے کسی قول و فعل کا میں ذمہ دار نہیں ہوں گا اطلاع عام کے لیے اعلان کیا جاتا ہے کہ میں نے اپنے بیٹے کو اپنی جائیداد سے عاق کر دیا ہے اس کے کسی قول و فعل کا میں ذمہ دار نہیں ہوں گا اطلاع عام کے لیے اعلان کیا جاتا ہے کہ میں نے اپنے بیٹے کو اپنی جائیداد سے عاق کر دیا ہے اس کے کسی قول و فعل کا میں ذمہ دار نہیں ہوں گا اطلاع عام کے لیے اعلان کیا جاتا ہے کہ میں نے اپنے بیٹے کو اپنی جائیداد سے عاق کر دیا ہے اس کے کسی قول و فعل کا میں ذمہ دار نہیں ہوں گا اطلاع عام کے لیے اعلان کیا جاتا ہے کہ میں نے اپنے بیٹے کو اپنی جائیداد سے عاق کر دیا ہے اس کے کسی قول و فعل کا میں ذمہ دار نہیں ہوں گا اطلاع عام کے لیے اعلان کیا جاتا ہے کہ میں نے اپنے بیٹے کو اپنی جائیداد سے عاق کر دیا ہے اس کے کسی قول و فعل کا میں ذمہ دار نہیں ہوں گا اطلاع عام کے لیے اعلان کیا جاتا ہے کہ میں نے اپنے بیٹے کو اپنی جائیداد سے عاق کر دیا ہے اس کے کسی قول و فعل کا میں ذمہ دار نہیں ہوں گا اطلاع عام کے لیے اعلان کیا جاتا ہے کہ میں نے اپنے بیٹے کو اپنی جائیداد سے عاق کر دیا ہے اس کے کسی قول و فعل کا میں ذمہ دار نہیں ہوں گا اطلاع عام کے لیے اعلان کیا جاتا ہے کہ میں نے اپنے بیٹے کو اپنی جائیداد سے عاق کر
اشتہار نمبر 42
اطلاع عام کے لیے اعلان کیا جاتا ہے کہ میں نے اپنے بیٹے کو اپنی جائیداد سے عاق کر دیا ہے اس کے کسی قول و فعل کا میں ذمہ دار نہیں ہوں گا اطلاع عام کے لیے اعلان کیا جاتا ہے کہ میں نے اپنے بیٹے کو اپنی جائیداد سے عاق کر دیا ہے اس کے کسی قول و فعل کا میں ذمہ دار نہیں ہوں گا اطلاع عام کے لیے اعلان کیا جاتا ہے کہ میں نے اپنے بیٹے کو اپنی جائیداد سے عاق کر دیا ہے اس کے کسی قول و فعل کا میں ذمہ دار نہیں ہوں گا اطلاع عام کے لیے اعلان کیا جاتا ہے کہ میں نے اپنے بیٹے کو اپنی جائیداد سے عاق کر دیا ہے اس کے کسی قول و فعل کا میں ذمہ دار نہیں ہوں گا اطلاع عام کے لیے اعلان کیا جاتا ہے کہ میں نے اپنے بیٹے کو اپنی جائیداد سے عاق کر دیا ہے اس کے کسی قول و فعل کا میں ذمہ دار نہیں ہوں گا اطلاع عام کے لیے اعلان کیا جاتا ہے کہ میں نے اپنے بیٹے کو اپنی جائیداد سے عاق کر دیا ہے اس کے کسی قول و فعل کا میں ذمہ دار نہیں ہوں گا اطلاع عام کے لیے اعلان کیا جاتا ہے کہ میں نے اپنے بیٹے کو اپنی جائیداد سے عاق کر دیا ہے اس کے کسی قول و فعل کا میں ذمہ دار نہیں ہوں گا اطلاع عام کے لیے اعلان کیا جاتا ہے کہ میں نے اپنے بیٹے کو اپنی جائیداد سے عاق کر دیا ہے اس کے کسی قول و فعل کا میں ذمہ دار نہیں ہوں گا اطلاع عام کے لیے اعلان کیا جاتا ہے کہ میں نے اپنے بیٹے کو اپنی جائیداد سے عاق کر دیا ہے اس کے کسی قول و فعل کا میں ذمہ دار نہیں ہوں گا اطلاع عام کے لیے اعلان کیا جاتا ہے کہ میں نے اپنے بیٹے کو اپنی جائیداد سے عاق کر دیا ہے اس کے کسی قول و فعل کا میں ذمہ دار نہیں ہوں گا اطلاع عام کے لیے اعلان کیا جاتا ہے کہ میں نے اپنے بیٹے کو اپنی جائیداد سے عاق کر دیا ہے اس کے کسی قول و فعل کا میں ذمہ دار نہیں ہوں گا اطلاع عام کے لیے اعلان کیا جاتا ہے کہ میں نے اپنے بیٹے کو اپنی جائیداد سے عاق کر دیا ہے اس
اشتہار نمبر 43
اطلاع عام کے لیے اعلان کیا جاتا ہے کہ میں نے اپنے بیٹے کو اپنی جائیداد سے عاق کر دیا ہے اس کے کسی قول و فعل کا میں ذمہ دار نہیں ہوں گا اطلاع عام کے لیے اعلان کیا جاتا ہے کہ میں نے اپنے بیٹے کو اپنی جائیداد سے عاق کر دیا ہے اس کے کسی قول و فعل کا میں ذمہ دار نہیں ہوں گا اطلاع عام کے لیے اعلان کیا جاتا ہے کہ میں نے اپنے بیٹے کو اپنی جائیداد سے عاق کر دیا ہے اس کے کسی قول و فعل کا میں ذمہ دار نہیں ہوں گا اطلاع عام کے لیے اعلان کیا جاتا ہے کہ میں نے اپنے بیٹے کو اپنی جائیداد سے عاق کر دیا ہے اس کے کسی قول و فعل کا میں ذمہ دار نہیں ہوں گا اطلاع عام کے لیے اعلان کیا جاتا ہے کہ میں نے اپنے بیٹے کو اپنی جائیداد سے عاق کر دیا ہے اس کے کسی قول و فعل کا میں ذمہ دار نہیں ہوں گا اطلاع عام کے لیے اعلان کیا جاتا ہے کہ میں نے اپنے بیٹے کو اپنی جائیداد سے عاق کر دیا ہے اس کے کسی قول و فعل کا میں ذمہ دار نہیں ہوں گا اطلاع عام کے لیے اعلان کیا جاتا ہے کہ میں نے اپنے بیٹے کو اپنی جائیداد سے عاق کر دیا ہے اس کے کسی قول و فعل کا میں ذمہ دار نہیں ہوں گا اطلاع عام کے لیے اعلان کیا جاتا ہے کہ میں نے اپنے بیٹے کو اپنی جائیداد سے عاق کر دیا ہے اس کے کسی قول و فعل کا میں ذمہ دار نہیں ہوں گا اطلاع عام کے لیے اعلان کیا جاتا ہے کہ میں نے اپنے بیٹے کو اپنی جائیداد سے عاق کر دیا ہے اس کے کسی قول و فعل کا میں ذمہ دار نہیں ہوں گا اطلاع عام کے لیے اعلان کیا جاتا ہے کہ میں نے
اشتہار نمبر 44
اطلاع عام کے لیے اعلان کیا جاتا ہے کہ میں نے اپنے بیٹے کو اپنی جائیداد سے عاق کر دیا ہے اس کے کسی قول و فعل کا میں ذمہ دار نہیں ہوں گا اطلاع عام کے لیے اعلان کیا جاتا ہے کہ میں نے اپنے بیٹے کو اپنی جائیداد سے عاق کر دیا ہے اس کے کسی قول و فعل کا میں ذمہ دار نہیں ہوں گا اطلاع عام کے لیے اعلان کیا جاتا ہے کہ میں نے اپنے بیٹے کو اپنی جائیداد سے عاق کر دیا ہے اس کے کسی قول و فعل کا میں ذمہ دار نہیں ہوں گا اطلاع عام کے لیے اعلان کیا جاتا ہے کہ میں نے اپنے بیٹے کو اپنی جائیداد سے عاق کر دیا ہے اس کے کسی قول و فعل کا میں ذمہ دار نہیں ہوں گا اطلاع عام کے لیے اعلان کیا جاتا ہے کہ میں نے اپنے بیٹے کو اپنی جائیداد سے عاق کر دیا ہے اس کے کسی قول و فعل کا میں ذمہ دار نہیں ہوں گا اطلاع عام کے لیے اعلان کیا جاتا ہے کہ میں نے اپنے بیٹے کو اپنی جائیداد سے عاق کر دیا ہے اس کے کسی قول و فعل کا میں ذمہ دار نہیں ہوں گا اطلاع عام کے لیے اعلان کیا جاتا ہے کہ میں نے اپنے بیٹے کو اپنی جائیداد سے عاق کر دیا ہے اس کے کسی قول و فعل کا میں ذمہ دار نہیں ہوں گا اطلاع عام کے لیے اعلان کیا جاتا ہے کہ میں نے اپنے بیٹے کو اپنی جائیداد سے عاق کر دیا ہے اس کے کسی قول و فعل کا میں ذمہ دار نہیں ہوں گا اطلاع عام کے لیے اعلان کیا جاتا ہے کہ میں نے اپنے بیٹے کو اپنی جائیداد سے عاق کر دیا ہے اس کے کسی قول و فعل کا میں ذمہ دار نہیں ہوں گا اطلاع عام کے لیے اعلان کیا جاتا ہے کہ میں نے اپنے بیٹے کو اپنی جائیداد سے عاق کر دیا ہے اس کے کسی قول و فعل کا میں ذمہ دار نہیں ہوں گا اطلاع عام کے لیے اعلان کیا جاتا ہے کہ میں نے اپنے بیٹے کو اپنی جائیداد سے عاق کر دیا ہے اس کے کسی قول و فعل کا میں ذمہ دار نہیں ہوں گا اطلاع عام کے لیے اعلان کیا جاتا ہے کہ میں نے اپنے بیٹے کو اپنی جائیداد سے عاق کر دیا ہے اس
اشتہار نمبر 45
اطلاع عام کے لیے اعلان کیا جاتا ہے کہ میں نے اپنے بیٹے کو اپنی جائیداد سے عاق کر دیا ہے اس کے کسی قول و فعل کا میں ذمہ دار نہیں ہوں گا اطلاع عام کے لیے اعلان کیا جاتا ہے کہ میں نے اپنے بیٹے کو اپنی جائیداد سے عاق کر دیا ہے اس کے کسی قول و فعل کا میں ذمہ دار نہیں ہوں گا اطلاع عام کے لیے اعلان کیا جاتا ہے کہ میں نے اپنے بیٹے کو اپنی جائیداد سے عاق کر دیا ہے اس کے کسی قول و فعل کا میں ذمہ دار نہیں ہوں گا اطلاع عام کے لیے اعلان کیا جاتا ہے کہ میں نے اپنے بیٹے کو اپنی جائیداد سے عاق کر دیا ہے اس کے کسی قول و فعل کا میں ذمہ دار نہیں ہوں گا اطلاع عام کے لیے اعلان کیا جاتا ہے کہ میں نے اپنے بیٹے کو اپنی جائیداد سے عاق کر دیا ہے اس کے کسی قول و فعل کا میں ذمہ دار نہیں ہوں گا اطلاع عام کے لیے اعلان کیا جاتا ہے کہ میں نے اپنے بیٹے کو اپنی جائیداد سے عاق کر دیا ہے اس کے کسی قول و فعل کا میں ذمہ دار نہیں ہوں گا اطلاع عام کے لیے اعلان کیا جاتا ہے کہ میں نے اپنے بیٹے کو اپنی جائیداد سے عاق کر دیا ہے اس کے کسی قول و فعل کا میں ذمہ دار نہیں ہوں گا اطلاع عام کے لیے اعلان کیا جاتا ہے کہ میں نے اپنے بیٹے کو اپنی جائیداد سے عاق کر دیا ہے اس کے کسی قول و فعل کا میں ذمہ دار نہیں ہوں گا اطلاع عام کے لیے اعلان کیا جاتا ہے کہ میں نے اپنے بیٹے کو اپنی جائیداد سے عاق کر دیا ہے اس کے کسی قول و فعل کا میں ذمہ دار نہیں ہوں گا اطلاع عام کے لیے اعلان کیا جاتا ہے کہ میں نے اپنے بیٹے کو اپنی جائیداد سے عاق کر دیا ہے اس کے کسی قول و فعل کا میں ذمہ دار نہیں ہوں گا اطلاع عام کے لیے اعلان کیا جاتا ہے کہ میں نے اپنے بیٹے کو اپنی جائیداد سے عاق کر دیا ہے اس کے کسی قول و فعل کا میں ذمہ دار نہیں ہوں گا اطلاع عام کے لیے اعلان کیا جاتا ہے کہ میں نے اپنے بیٹے کو اپنی جائیداد سے عاق کر دیا ہے اس
اشتہار نمبر 46
اطلاع عام کے لیے اعلان کیا جاتا ہے کہ میں نے اپنے بیٹے کو اپنی جائیداد سے عاق کر دیا ہے اس کے کسی قول و فعل کا میں ذمہ دار نہیں ہوں گا اطلاع عام کے لیے اعلان کیا جاتا ہے کہ میں نے اپنے بیٹے کو اپنی جائیداد سے عاق کر دیا ہے اس کے کسی قول و فعل کا میں ذمہ دار نہیں ہوں گا اطلاع عام کے لیے اعلان کیا جاتا ہے کہ میں نے اپنے بیٹے کو اپنی جائیداد سے عاق کر دیا ہے اس کے کسی قول و فعل کا میں ذمہ دار نہیں ہوں گا اطلاع عام کے لیے اعلان کیا جاتا ہے کہ میں نے اپنے بیٹے کو اپنی جائیداد سے عاق کر دیا ہے اس کے کسی قول و فعل کا میں ذمہ دار نہیں ہوں گا اطلاع عام کے لیے اعلان کیا جاتا ہے کہ میں نے اپنے بیٹے کو اپنی جائیداد سے عاق کر دیا ہے اس
اشتہار نمبر 47
اطلاع عام کے لیے اعلان کیا جاتا ہے کہ میں نے اپنے بیٹے کو اپنی جائیداد سے عاق کر دیا ہے اس کے کسی قول و فعل کا میں ذمہ دار نہیں ہوں گا اطلاع عام کے لیے اعلان کیا جاتا ہے کہ میں نے اپنے بیٹے کو اپنی جائیداد سے عاق کر دیا ہے اس کے کسی قول و فعل کا میں ذمہ دار نہیں ہوں گا اطلاع عام کے لیے اعلان کیا جاتا ہے کہ میں نے اپنے بیٹے کو اپنی جائیداد سے عاق کر دیا ہے اس کے کسی قول و فعل کا میں ذمہ دار نہیں ہوں گا اطلاع عام کے لیے اعلان کیا جاتا ہے کہ میں نے اپنے بیٹے کو اپنی جائیداد سے عاق کر دیا ہے اس کے کسی قول و فعل کا میں ذمہ دار نہیں ہوں گا اطلاع عام کے لیے اعلان کیا جاتا ہے کہ میں نے اپنے بیٹے کو اپنی جائیداد سے عاق کر دیا ہے اس کے کسی قول و فعل کا میں ذمہ دار نہیں ہوں گا اطلاع عام کے لیے اعلان کیا جاتا ہے کہ میں نے اپنے بیٹے کو اپنی جائیداد سے عاق کر دیا ہے اس کے کسی قول و فعل کا میں ذمہ دار نہیں ہوں گا اطلاع عام کے لیے اعلان کیا جاتا ہے کہ میں نے اپنے بیٹے کو اپنی جائیداد سے عاق کر دیا ہے اس کے کسی قول و فعل کا میں ذمہ دار نہیں ہوں گا اطلاع عام کے لیے اعلان کیا جاتا ہے کہ میں نے اپنے بیٹے کو اپنی جائیداد سے عاق کر دیا ہے اس کے کسی قول و فعل کا میں ذمہ دار نہیں ہوں گا اطلاع عام کے لیے اعلان کیا جاتا ہے کہ میں نے اپنے بیٹے کو اپنی جائیداد سے عاق کر دیا ہے اس کے کسی قول و فعل کا میں ذمہ دار نہیں ہوں گا اطلاع عام کے لیے اعلان کیا جاتا ہے کہ میں نے اپنے بیٹے کو اپنی جائیداد سے عاق کر دیا ہے اس کے کسی قول و فعل کا میں ذمہ دار نہیں ہوں گا اطلاع عام کے
اشتہار نمبر 48
اطلاع عام کے لیے اعلان کیا جاتا ہے کہ میں نے اپنے بیٹے کو اپنی جائیداد سے عاق کر دیا ہے اس کے کسی قول و فعل کا میں ذمہ دار نہیں ہوں گا اطلاع عام کے لیے اعلان کیا جاتا ہے کہ میں نے اپنے بیٹے کو اپنی جائیداد سے عاق کر دیا ہے اس کے کسی قول و فعل کا میں ذمہ دار نہیں ہوں گا اطلاع عام کے لیے اعلان کیا جاتا ہے کہ میں نے اپنے بیٹے کو اپنی جائیداد سے عاق کر دیا ہے اس کے کسی قول و فعل کا میں ذمہ دار نہیں ہوں گا اطلاع عام کے لیے اعلان کیا جاتا ہے کہ میں نے اپنے بیٹے کو اپنی جائیداد سے عاق کر دیا ہے اس کے کسی قول و فعل کا میں ذمہ دار نہیں ہوں گا اطلاع عام کے لیے اعلان کیا جاتا ہے کہ میں نے اپنے بیٹے کو اپنی جائیداد سے عاق کر دیا ہے اس کے کسی قول و فعل کا میں ذمہ دار نہیں ہوں گا اطلاع عام کے لیے اعلان کیا جاتا ہے کہ میں نے اپنے بیٹے کو اپنی جائیداد سے عاق کر دیا ہے اس کے کسی قول و فعل کا میں ذمہ دار نہیں ہوں گا اطلاع عام کے لیے اعلان کیا جاتا ہے کہ میں نے اپنے بیٹے کو اپنی جائیداد سے عاق کر دیا ہے اس کے کسی قول و فعل کا میں ذمہ دار نہیں ہوں گا اطلاع عام کے لیے اعلان کیا جاتا ہے کہ میں نے اپنے بیٹے کو اپنی جائیداد سے عاق کر دیا ہے اس کے کسی قول و فعل
اشتہار نمبر 49
اطلاع عام کے لیے اعلان کیا جاتا ہے کہ میں نے اپنے بیٹے کو اپنی جائیداد سے عاق کر دیا ہے اس کے کسی قول و فعل کا میں ذمہ دار نہیں ہوں گا اطلاع عام کے لیے اعلان کیا جاتا ہے کہ میں نے اپنے بیٹے کو اپنی جائیداد سے عاق کر دیا ہے اس کے کسی قول و فعل کا میں ذمہ دار نہیں ہوں گا اطلاع عام کے لیے اعلان کیا جاتا ہے کہ میں نے اپنے بیٹے کو اپنی جائیداد سے عاق کر دیا ہے اس کے کسی قول و فعل کا میں ذمہ دار نہیں ہوں گا اطلاع عام کے لیے اعلان کیا جاتا ہے کہ میں نے اپنے بیٹے کو اپنی جائیداد سے عاق کر دیا ہے اس کے کسی قول و فعل کا میں ذمہ دار نہیں ہوں گا اطلاع عام کے لیے اعلان کیا جاتا ہے کہ میں نے اپنے بیٹے کو اپنی جائیداد سے عاق کر دیا ہے اس کے کسی قول و فعل کا میں ذمہ دار نہیں ہوں گا اطلاع عام کے لیے اعلان کیا جاتا ہے کہ میں نے اپنے بیٹے کو اپنی جائیداد سے عاق کر دیا ہے اس کے کسی قول و فعل کا میں ذمہ دار نہیں ہوں گا اطلاع عام کے لیے اعلان کیا جاتا ہے کہ میں نے اپنے بیٹے کو اپنی جائیداد سے عاق کر دیا ہے اس کے کسی قول و فعل کا میں ذمہ دار نہیں ہوں گا اطلاع عام کے لیے اعلان کیا جاتا ہے کہ میں نے اپنے بیٹے کو اپنی جائیداد سے عاق کر دیا ہے اس کے کسی قول و فعل کا میں ذمہ دار نہیں ہوں گا اطلاع عام کے لیے اعلان کیا جاتا ہے کہ میں نے اپنے بیٹے کو اپنی جائیداد سے عاق کر دیا ہے اس کے کسی قول و فعل کا میں ذمہ دار نہیں ہوں گا اطلاع عام کے لیے اعلان کیا جاتا ہے کہ میں نے اپنے بیٹے کو اپنی جائیداد سے عاق کر دیا ہے اس کے کسی قول و فعل کا میں ذمہ دار نہیں ہوں گا اطلاع عام کے لیے اعلان کیا جاتا ہے کہ میں نے اپنے بیٹے کو اپنی جائیداد سے عاق کر دیا ہے اس کے کسی قول و فعل کا میں ذمہ دار نہیں ہوں گا اطلاع عام کے لیے اعلان کیا جاتا ہے کہ میں نے اپنے بیٹے کو اپنی جائیداد سے عاق کر دیا ہے اس کے کسی قول و فعل کا میں ذمہ دار نہیں ہوں گا اطلاع عام کے لیے اعلان کیا جاتا ہے کہ میں نے اپنے بیٹے کو اپنی جائیداد سے عاق کر دیا ہے اس کے کسی قول و فعل کا میں ذمہ دار نہیں ہوں گا اطلاع عام کے لیے اعلان کیا جاتا ہے کہ میں نے اپنے بیٹے کو اپنی جائیداد سے عاق کر دیا ہے اس کے کسی قول و فعل کا میں ذمہ دار نہیں ہوں گا اطلاع عام کے لیے اعلان کیا جاتا ہے کہ میں نے اپنے بیٹے کو اپنی جائیداد سے عاق کر دیا ہے اس کے کسی قول و فعل کا میں ذمہ دار نہیں ہوں گا اطلاع عام کے لیے اعلان کیا جاتا ہے کہ میں نے اپنے بیٹے کو اپنی جائیداد سے عاق کر دیا ہے اس کے کسی قول و فعل کا میں ذمہ دار نہیں ہوں گا اطلاع عام کے لیے اعلان کیا جاتا ہے کہ میں نے اپنے بیٹے کو اپنی جائیداد سے عاق کر دیا ہے اس کے کسی قول و فعل کا میں ذمہ دار نہیں ہوں گا اطلاع عام کے
اشتہار نمبر 50
اطلاع عام کے لیے اعلان کیا جاتا ہے کہ میں نے اپنے بیٹے کو اپنی جائیداد سے عاق کر دیا ہے اس کے کسی قول و فعل کا میں ذمہ دار نہیں ہوں گا اطلاع عام کے لیے اعلان کیا جاتا ہے کہ میں نے اپنے بیٹے کو اپنی جائیداد سے عاق کر دیا ہے اس کے کسی قول و فعل کا میں ذمہ دار نہیں ہوں گا اطلاع عام کے لیے اعلان کیا جاتا ہے کہ میں نے اپنے بیٹے کو اپنی جائیداد سے عاق کر دیا ہے اس کے کسی قول و فعل کا میں ذمہ دار نہیں ہوں گا اطلاع عام کے لیے اعلان کیا جاتا ہے کہ میں نے اپنے بیٹے کو اپنی جائیداد سے عاق کر دیا ہے اس کے کسی قول و فعل کا میں ذمہ دار نہیں ہوں گا اطلاع عام کے لیے اعلان کیا جاتا ہے کہ میں نے اپنے بیٹے کو اپنی جائیداد سے عاق کر دیا ہے اس کے کسی قول و فعل کا میں ذمہ دار نہیں ہوں گا اطلاع عام کے لیے اعلان کیا جاتا ہے کہ میں نے اپنے بیٹے کو اپنی جائیداد سے عاق کر دیا ہے اس کے کسی قول و فعل کا میں ذمہ دار نہیں ہوں گا اطلاع عام کے لیے اعلان کیا جاتا ہے کہ میں نے اپنے بیٹے کو اپنی جائیداد سے عاق کر دیا ہے اس کے کسی قول و فعل کا میں ذمہ دار نہیں ہوں گا اطلاع عام کے لیے اعلان کیا جاتا ہے کہ میں نے اپنے بیٹے کو اپنی جائیداد سے عاق کر دیا ہے اس کے کسی قول و فعل
اشتہار نمبر 51
اطلاع عام کے لیے اعلان کیا جاتا ہے کہ میں نے اپنے بیٹے کو اپنی جائیداد سے عاق کر دیا ہے اس کے کسی قول و فعل کا میں ذمہ دار نہیں ہوں گا اطلاع عام کے لیے اعلان کیا جاتا ہے کہ میں نے اپنے بیٹے کو اپنی جائیداد سے عاق کر دیا ہے اس کے کسی قول و فعل کا میں ذمہ دار نہیں ہوں گا اطلاع عام کے لیے اعلان کیا جاتا ہے کہ میں نے اپنے بیٹے کو اپنی جائیداد سے عاق کر دیا ہے اس کے کسی قول و فعل کا میں ذمہ دار نہیں ہوں گا اطلاع عام کے لیے اعلان کیا جاتا ہے کہ میں نے اپنے بیٹے کو اپنی جائیداد سے عاق کر دیا ہے اس کے کسی قول و فعل کا میں ذمہ دار نہیں ہوں گا اطلاع عام کے لیے اعلان کیا جاتا ہے کہ میں نے اپنے بیٹے کو اپنی جائیداد سے عاق کر دیا ہے اس کے کسی قول و فعل کا میں ذمہ دار نہیں ہوں گا اطلاع عام کے لیے اعلان کیا جاتا ہے کہ میں نے اپنے بیٹے کو اپنی جائیداد سے عاق کر دیا ہے اس کے کسی قول و فعل کا میں ذمہ دار نہیں ہوں گا اطلاع عام کے لیے اعلان کیا جاتا ہے کہ میں نے اپنے بیٹے کو اپنی جائیداد سے عاق کر دیا ہے اس کے کسی قول و فعل کا میں ذمہ دار نہیں ہوں گا اطلاع عام کے لیے اعلان کیا جاتا ہے کہ میں نے اپنے بیٹے کو اپنی جائیداد سے عاق کر دیا ہے اس کے کسی قول و فعل کا میں ذمہ دار نہیں ہوں گا اطلاع عام کے لیے اعلان کیا جاتا ہے کہ میں نے اپنے بیٹے کو اپنی جائیداد سے عاق کر دیا ہے اس کے کسی قول و فعل کا میں ذمہ دار نہیں ہوں گا اطلاع عام کے لیے اعلان کیا جاتا ہے کہ میں نے اپنے بیٹے کو اپنی جائیداد سے عاق کر دیا ہے اس کے کسی قول و فعل کا میں ذمہ دار نہیں ہوں گا اطلاع عام کے
اشتہار نمبر 52
اطلاع عام کے لیے اعلان کیا جاتا ہے کہ میں نے اپنے بیٹے کو اپنی جائیداد سے عاق کر دیا ہے اس کے کسی قول و فعل کا میں ذمہ دار نہیں ہوں گا اطلاع عام کے لیے اعلان کیا جاتا ہے کہ میں نے اپنے بیٹے کو اپنی جائیداد سے عاق کر دیا ہے اس کے کسی قول و فعل کا میں ذمہ دار نہیں ہوں گا اطلاع عام کے لیے اعلان کیا جاتا ہے کہ میں نے اپنے بیٹے کو اپنی جائیداد سے عاق کر دیا ہے اس کے کسی قول و فعل کا میں ذمہ دار نہیں ہوں گا اطلاع عام کے لیے اعلان کیا جاتا ہے کہ میں نے اپنے بیٹے کو اپنی جائیداد سے عاق کر دیا ہے اس کے کسی قول و فعل کا میں ذمہ دار نہیں ہوں گا اطلاع عام کے لیے اعلان کیا جاتا ہے کہ میں نے اپنے بیٹے کو اپنی جائیداد سے عاق کر دیا ہے اس کے کسی قول و فعل کا میں ذمہ دار نہیں ہوں گا اطلاع عام کے لیے اعلان کیا جاتا ہے کہ میں نے اپنے بیٹے کو اپنی جائیداد سے عاق کر دیا ہے اس کے کسی قول و فعل کا میں ذمہ دار نہیں ہوں گا اطلاع عام کے لیے اعلان کیا جاتا ہے کہ میں نے اپنے بیٹے کو اپنی جائیداد سے عاق کر دیا ہے اس کے کسی قول و فعل کا میں ذمہ دار نہیں ہوں گا اطلاع عام کے لیے اعلان کیا جاتا ہے کہ میں نے اپنے بیٹے کو اپنی جائیداد سے عاق کر دیا ہے اس کے کسی قول و فعل کا میں ذمہ دار نہیں ہوں گا اطلاع عام کے لیے اعلان کیا جاتا ہے کہ میں نے اپنے بیٹے کو اپنی جائیداد سے عاق کر
اشتہار نمبر 53
اطلاع عام کے لیے اعلان کیا جاتا ہے کہ میں نے اپنے بیٹے کو اپنی جائیداد سے عاق کر دیا ہے اس کے کسی قول و فعل کا میں ذمہ دار نہیں ہوں گا اطلاع عام کے لیے اعلان کیا جاتا ہے کہ میں نے اپنے بیٹے کو اپنی جائیداد سے عاق کر دیا ہے اس کے کسی قول و فعل کا میں ذمہ دار نہیں ہوں گا اطلاع عام کے لیے اعلان کیا جاتا ہے کہ میں نے اپنے بیٹے کو اپنی جائیداد سے عاق کر دیا ہے اس کے کسی قول و فعل کا میں ذمہ دار نہیں ہوں گا اطلاع عام کے لیے اعلان کیا جاتا ہے کہ میں نے اپنے بیٹے کو اپنی جائیداد سے عاق کر دیا ہے اس کے کسی قول و فعل کا میں ذمہ دار نہیں ہوں گا اطلاع عام کے لیے اعلان کیا جاتا ہے کہ میں نے اپنے بیٹے کو اپنی جائیداد سے عاق کر دیا ہے اس کے کسی قول و فعل کا میں ذمہ دار نہیں ہوں گا اطلاع عام کے لیے اعلان کیا جاتا ہے کہ میں نے اپنے بیٹے کو اپنی جائیداد سے عاق کر دیا ہے اس کے کسی قول و فعل کا میں ذمہ دار نہیں ہوں گا اطلاع عام کے لیے اعلان کیا جاتا ہے کہ میں نے اپنے بیٹے کو اپنی جائیداد سے عاق کر دیا ہے اس کے کسی قول و فعل کا میں ذمہ دار نہیں ہوں گا اطلاع عام کے لیے اعلان کیا جاتا ہے کہ میں نے اپنے بیٹے کو اپنی جائیداد سے عاق کر دیا ہے اس کے کسی قول و فعل کا میں ذمہ دار نہیں ہوں گا اطلاع عام کے لیے اعلان کیا جاتا ہے کہ میں نے اپنے بیٹے کو اپنی جائیداد سے عاق کر دیا ہے اس کے کسی قول و فعل کا میں ذمہ دار نہیں ہوں گا اطلاع عام کے لیے اعلان کیا جاتا ہے کہ میں نے
اشتہار نمبر 54
اطلاع عام کے لیے اعلان کیا جاتا ہے کہ میں نے اپنے بیٹے کو اپنی جائیداد سے عاق کر دیا ہے اس کے کسی قول و فعل کا میں ذمہ دار نہیں ہوں گا اطلاع عام کے لیے اعلان کیا جاتا ہے کہ میں نے اپنے بیٹے کو اپنی جائیداد سے عاق کر دیا ہے اس کے کسی قول و فعل کا میں ذمہ دار نہیں ہوں گا اطلاع عام کے لیے اعلان کیا جاتا ہے کہ میں نے اپنے بیٹے کو اپنی جائیداد سے عاق کر دیا ہے اس کے کسی قول و فعل کا میں ذمہ دار نہیں ہوں گا اطلاع عام کے لیے اعلان کیا جاتا ہے کہ میں نے اپنے بیٹے کو اپنی جائیداد سے عاق کر دیا ہے اس کے کسی قول و فعل کا میں ذمہ دار نہیں ہوں گا اطلاع عام کے لیے اعلان کیا جاتا ہے کہ میں نے اپنے بیٹے کو اپنی جائیداد سے عاق کر دیا ہے اس کے کسی قول و فعل کا میں ذمہ دار نہیں ہوں گا اطلاع عام کے لیے اعلان کیا جاتا ہے کہ میں نے اپنے بیٹے کو اپنی جائیداد سے عاق کر دیا ہے اس کے کسی قول و فعل کا میں ذمہ دار نہیں ہوں گا اطلاع عام کے لیے اعلان کیا جاتا ہے کہ میں نے اپنے بیٹے کو اپنی جائیداد سے عاق کر دیا ہے اس کے کسی قول و فعل کا میں ذمہ دار نہیں ہوں گا اطلاع عام کے لیے اعلان کیا جاتا ہے کہ میں نے اپنے بیٹے کو اپنی جائیداد سے عاق کر دیا ہے اس کے کسی قول و فعل
اشتہار نمبر 55
اطلاع عام کے لیے اعلان کیا جاتا ہے کہ میں نے اپنے بیٹے کو اپنی جائیداد سے عاق کر دیا ہے اس کے کسی قول و فعل کا میں ذمہ دار نہیں ہوں گا اطلاع عام کے لیے اعلان کیا جاتا ہے کہ میں نے اپنے بیٹے کو اپنی جائیداد سے عاق کر دیا ہے اس کے کسی قول و فعل کا میں ذمہ دار نہیں ہوں گا اطلاع عام کے لیے اعلان کیا جاتا ہے کہ میں نے اپنے بیٹے کو اپنی جائیداد سے عاق کر دیا ہے اس کے کسی قول و فعل کا میں ذمہ دار نہیں ہوں گا اطلاع عام کے لیے اعلان کیا جاتا ہے کہ میں نے اپنے بیٹے کو اپنی جائیداد سے عاق کر دیا ہے اس کے کسی قول و فعل کا میں ذمہ دار نہیں ہوں گا اطلاع عام کے لیے اعلان کیا جاتا ہے کہ میں نے اپنے بیٹے کو اپنی جائیداد سے عاق کر دیا ہے اس کے کسی قول و فعل کا میں ذمہ دار نہیں ہوں گا اطلاع عام کے لیے اعلان کیا جاتا ہے کہ میں نے اپنے بیٹے کو اپنی
اشتہار نمبر 56
اطلاع عام کے لیے اعلان کیا جاتا ہے کہ میں نے اپنے بیٹے کو اپنی جائیداد سے عاق کر دیا ہے اس کے کسی قول و فعل کا میں ذمہ دار نہیں ہوں گا اطلاع عام کے لیے اعلان کیا جاتا ہے کہ میں نے اپنے بیٹے کو اپنی جائیداد سے عاق کر دیا ہے اس کے کسی قول و فعل کا میں ذمہ دار نہیں ہوں گا اطلاع عام کے لیے اعلان کیا جاتا ہے کہ میں نے اپنے بیٹے کو اپنی جائیداد سے عاق کر دیا ہے اس کے کسی قول و فعل کا میں ذمہ دار نہیں ہوں گا اطلاع عام کے لیے اعلان کیا جاتا ہے کہ میں نے اپنے بیٹے کو اپنی جائیداد سے عاق کر دیا ہے اس کے کسی قول و فعل کا میں ذمہ دار نہیں ہوں گا اطلاع عام کے لیے اعلان کیا جاتا ہے کہ میں نے اپنے بیٹے کو اپنی جائیداد سے عاق کر دیا ہے اس کے کسی قول و فعل کا میں ذمہ دار نہیں ہوں گا اطلاع عام کے لیے اعلان کیا جاتا ہے کہ میں نے اپنے بیٹے کو اپنی
اشتہار نمبر 57
اطلاع عام کے لیے اعلان کیا جاتا ہے کہ میں نے اپنے بیٹے کو اپنی جائیداد سے عاق کر دیا ہے اس کے کسی قول و فعل کا میں ذمہ دار نہیں ہوں گا اطلاع عام کے لیے اعلان کیا جاتا ہے کہ میں نے اپنے بیٹے کو اپنی جائیداد سے عاق کر دیا ہے اس کے کسی قول و فعل کا میں ذمہ دار نہیں ہوں گا اطلاع عام کے لیے اعلان کیا جاتا ہے کہ میں نے اپنے بیٹے کو اپنی جائیداد سے عاق کر دیا ہے اس کے کسی قول و فعل کا میں ذمہ دار نہیں ہوں گا اطلاع عام کے لیے اعلان کیا جاتا ہے کہ میں نے اپنے بیٹے کو اپنی جائیداد سے عاق کر دیا ہے اس کے کسی قول و فعل کا میں ذمہ دار نہیں ہوں گا اطلاع عام کے لیے اعلان کیا جاتا ہے کہ میں نے اپنے بیٹے کو اپنی جائیداد سے عاق کر دیا ہے اس کے کسی قول و فعل کا میں ذمہ دار نہیں ہوں گا اطلاع عام کے لیے اعلان کیا جاتا ہے کہ میں نے اپنے بیٹے کو اپنی جائیداد سے عاق کر دیا ہے اس کے کسی قول و فعل کا میں ذمہ دار نہیں ہوں گا اطلاع عام کے لیے اعلان کیا جاتا ہے کہ میں نے اپنے بیٹے کو اپنی جائیداد سے عاق کر دیا ہے اس کے کسی قول و فعل کا میں ذمہ دار نہیں ہوں گا اطلاع عام کے لیے اعلان کیا جاتا ہے کہ میں نے اپنے بیٹے کو اپنی جائیداد سے عاق کر دیا ہے اس کے کسی قول و فعل کا میں ذمہ دار نہیں ہوں گا اطلاع عام کے لیے اعلان کیا جاتا ہے کہ میں نے اپنے بیٹے کو اپنی جائیداد سے عاق کر دیا ہے اس کے کسی قول و فعل کا میں ذمہ دار نہیں ہوں گا اطلاع عام کے لیے اعلان کیا جاتا ہے کہ میں نے اپنے بیٹے کو اپنی جائیداد سے عاق کر دیا ہے اس کے کسی قول و فعل کا میں ذمہ دار نہیں ہوں گا اطلاع عام کے لیے
اشتہار نمبر 58
اطلاع عام کے لیے اعلان کیا جاتا ہے کہ میں نے اپنے بیٹے کو اپنی جائیداد سے عاق کر دیا ہے اس کے کسی قول و فعل کا میں ذمہ دار نہیں ہوں گا اطلاع عام کے لیے اعلان کیا جاتا ہے کہ میں نے اپنے بیٹے کو اپنی جائیداد سے عاق کر دیا ہے اس کے کسی قول و فعل کا میں ذمہ دار نہیں ہوں گا اطلاع عام کے لیے اعلان کیا جاتا ہے کہ میں نے اپنے بیٹے کو اپنی جائیداد سے عاق کر دیا ہے اس کے کسی قول و فعل کا میں ذمہ دار نہیں ہوں گا اطلاع عام کے لیے اعلان کیا جاتا ہے کہ میں نے اپنے بیٹے کو اپنی جائیداد سے عاق کر دیا ہے اس کے کسی قول و فعل کا میں ذمہ دار نہیں ہوں گا اطلاع عام کے لیے اعلان کیا جاتا ہے کہ میں نے اپنے بیٹے کو اپنی جائیداد سے عاق کر دیا ہے اس کے کسی قول و فعل کا میں ذمہ دار نہیں ہوں گا اطلاع عام کے لیے اعلان کیا جاتا ہے کہ میں نے اپنے بیٹے کو اپنی
اشتہار نمبر 59
اطلاع عام کے لیے اعلان کیا جاتا ہے کہ میں نے اپنے بیٹے کو اپنی جائیداد سے عاق کر دیا ہے اس کے کسی قول و فعل کا میں ذمہ دار نہیں ہوں گا اطلاع عام کے لیے اعلان کیا جاتا ہے کہ میں نے اپنے بیٹے کو اپنی جائیداد سے عاق کر دیا ہے اس کے کسی قول و فعل کا میں ذمہ دار نہیں ہوں گا اطلاع عام کے لیے اعلان کیا جاتا ہے کہ میں نے اپنے بیٹے کو اپنی جائیداد سے عاق کر دیا ہے اس کے کسی قول و فعل کا میں ذمہ دار نہیں ہوں گا اطلاع عام کے لیے اعلان کیا جاتا ہے کہ میں نے اپنے بیٹے کو اپنی جائیداد سے عاق کر دیا ہے اس کے کسی قول و فعل کا میں ذمہ دار نہیں ہوں گا اطلاع عام کے لیے اعلان کیا جاتا ہے کہ میں نے اپنے بیٹے کو اپنی جائیداد سے عاق کر دیا ہے اس کے کسی قول و فعل کا میں ذمہ دار نہیں ہوں گا اطلاع عام کے لیے اعلان کیا جاتا ہے کہ میں نے اپنے بیٹے کو اپنی
اشتہار نمبر 60
اطلاع عام کے لیے اعلان کیا جاتا ہے کہ میں نے اپنے بیٹے کو اپنی جائیداد سے عاق کر دیا ہے اس کے کسی قول و فعل کا میں ذمہ دار نہیں ہوں گا اطلاع عام کے لیے اعلان کیا جاتا ہے کہ میں نے اپنے بیٹے کو اپنی جائیداد سے عاق کر دیا ہے اس کے کسی قول و فعل کا میں ذمہ دار نہیں ہوں گا اطلاع عام کے لیے اعلان کیا جاتا ہے کہ میں نے اپنے بیٹے کو اپنی جائیداد سے عاق کر دیا ہے اس کے کسی قول و فعل کا میں ذمہ دار نہیں ہوں گا اطلاع عام کے لیے اعلان کیا جاتا ہے کہ میں نے اپنے بیٹے کو اپنی جائیداد سے عاق کر دیا ہے اس کے کسی قول و فعل کا میں ذمہ دار نہیں ہوں گا اطلاع عام کے لیے اعلان کیا جاتا ہے کہ میں نے اپنے بیٹے کو اپنی جائیداد سے عاق کر دیا ہے اس کے کسی قول و فعل کا میں ذمہ دار نہیں ہوں گا اطلاع عام کے لیے اعلان کیا جاتا ہے کہ میں نے اپنے بیٹے کو اپنی جائیداد سے عاق کر دیا ہے اس کے کسی قول و فعل کا میں ذمہ دار نہیں ہوں گا اطلاع عام کے لیے اعلان کیا جاتا ہے کہ میں نے اپنے بیٹے کو اپنی جائیداد سے عاق کر دیا ہے اس کے کسی قول و فعل کا میں ذمہ دار نہیں ہوں گا اطلاع عام کے لیے اعلان کیا جاتا ہے کہ میں نے اپنے بیٹے کو اپنی جائیداد سے عاق کر دیا ہے اس کے کسی قول و فعل
اشتہار نمبر 61
اطلاع عام کے لیے اعلان کیا جاتا ہے کہ میں نے اپنے بیٹے کو اپنی جائیداد سے عاق کر دیا ہے اس کے کسی قول و فعل کا میں ذمہ دار نہیں ہوں گا اطلاع عام کے لیے اعلان کیا جاتا ہے کہ میں نے اپنے بیٹے کو اپنی جائیداد سے عاق کر دیا ہے اس کے کسی قول و فعل کا میں ذمہ دار نہیں ہوں گا اطلاع عام کے لیے اعلان کیا جاتا ہے کہ میں نے اپنے بیٹے کو اپنی جائیداد سے عاق کر دیا ہے اس کے کسی قول و فعل کا میں ذمہ دار نہیں ہوں گا اطلاع عام کے لیے اعلان کیا جاتا ہے کہ میں نے اپنے بیٹے کو اپنی جائیداد سے عاق کر دیا ہے اس کے کسی قول و فعل کا میں ذمہ دار نہیں ہوں گا اطلاع عام کے لیے اعلان کیا جاتا ہے کہ میں نے اپنے بیٹے کو اپنی جائیداد سے عاق کر دیا ہے اس کے کسی قول و فعل کا میں ذمہ دار نہیں ہوں گا اطلاع عام کے لیے اعلان کیا جاتا ہے کہ میں نے اپنے بیٹے کو اپنی
اشتہار نمبر 62
اطلاع عام کے لیے اعلان کیا جاتا ہے کہ میں نے اپنے بیٹے کو اپنی جائیداد سے عاق کر دیا ہے اس کے کسی قول و فعل کا میں ذمہ دار نہیں ہوں گا اطلاع عام کے لیے اعلان کیا جاتا ہے کہ میں نے اپنے بیٹے کو اپنی جائیداد سے عاق کر دیا ہے اس کے کسی قول و فعل کا میں ذمہ دار نہیں ہوں گا اطلاع عام کے لیے اعلان کیا جاتا ہے کہ میں نے اپنے بیٹے کو اپنی جائیداد سے عاق کر دیا ہے اس کے کسی قول و فعل کا میں ذمہ دار نہیں ہوں گا اطلاع عام کے لیے اعلان کیا جاتا ہے کہ میں نے اپنے بیٹے کو اپنی جائیداد سے عاق کر دیا ہے اس کے کسی قول و فعل کا میں ذمہ دار نہیں ہوں گا اطلاع عام کے لیے اعلان کیا جاتا ہے کہ میں نے اپنے بیٹے کو اپنی جائیداد سے عاق کر دیا ہے اس کے کسی قول و فعل کا میں ذمہ دار نہیں ہوں گا اطلاع عام کے لیے اعلان کیا جاتا ہے کہ میں نے اپنے بیٹے کو اپنی
اشتہار نمبر 63
اطلاع عام کے لیے اعلان کیا جاتا ہے کہ میں نے اپنے بیٹے کو اپنی جائیداد سے عاق کر دیا ہے اس کے کسی قول و فعل کا میں ذمہ دار نہیں ہوں گا اطلاع عام کے لیے اعلان کیا جاتا ہے کہ میں نے اپنے بیٹے کو اپنی جائیداد سے عاق کر دیا ہے اس کے کسی قول و فعل کا میں ذمہ دار نہیں ہوں گا اطلاع عام کے لیے اعلان کیا جاتا ہے کہ میں نے اپنے بیٹے کو اپنی جائیداد سے عاق کر دیا ہے اس کے کسی قول و فعل کا میں ذمہ دار نہیں ہوں گا اطلاع عام کے لیے اعلان کیا جاتا ہے کہ میں نے اپنے بیٹے کو اپنی جائیداد سے عاق کر دیا ہے اس کے کسی قول و فعل کا میں ذمہ دار نہیں ہوں گا اطلاع عام کے لیے اعلان کیا جاتا ہے کہ میں نے اپنے بیٹے کو اپنی جائیداد سے عاق کر دیا ہے اس کے کسی قول و فعل کا میں ذمہ دار نہیں ہوں گا اطلاع عام کے لیے اعلان کیا جاتا ہے کہ میں نے اپنے بیٹے کو اپنی جائیداد سے عاق کر دیا ہے اس کے کسی قول و فعل کا میں ذمہ دار نہیں ہوں گا اطلاع عام کے لیے اعلان کیا جاتا ہے کہ میں نے اپنے بیٹے کو اپنی جائیداد سے عاق کر دیا ہے اس کے کسی قول و فعل کا میں ذمہ دار نہیں ہوں گا اطلاع عام کے لیے اعلان کیا جاتا ہے کہ میں نے اپنے بیٹے کو اپنی جائیداد سے عاق کر دیا ہے اس کے کسی قول و فعل
اشتہار نمبر 64
اطلاع عام کے لیے اعلان کیا جاتا ہے کہ میں نے اپنے بیٹے کو اپنی جائیداد سے عاق کر دیا ہے اس کے کسی قول و فعل کا میں ذمہ دار نہیں ہوں گا اطلاع عام کے لیے اعلان کیا جاتا ہے کہ میں نے اپنے بیٹے کو اپنی جائیداد سے عاق کر دیا ہے اس کے کسی قول و فعل کا میں ذمہ دار نہیں ہوں گا اطلاع عام کے لیے اعلان کیا جاتا ہے کہ میں نے اپنے بیٹے کو اپنی جائیداد سے عاق کر دیا ہے اس کے کسی قول و فعل کا میں ذمہ دار نہیں ہوں گا اطلاع عام کے لیے اعلان کیا جاتا ہے کہ میں نے اپنے بیٹے کو اپنی جائیداد سے عاق کر دیا ہے اس کے کسی قول و فعل کا میں ذمہ دار نہیں ہوں گا اطلاع عام کے لیے اعلان کیا جاتا ہے کہ میں نے اپنے بیٹے کو اپنی جائیداد سے عاق کر دیا ہے اس کے
اشتہار نمبر 65
اطلاع عام کے لیے اعلان کیا جاتا ہے کہ میں نے اپنے بیٹے کو اپنی جائیداد سے عاق کر دیا ہے اس کے کسی قول و فعل کا میں ذمہ دار نہیں ہوں گا اطلاع عام کے لیے اعلان کیا جاتا ہے کہ میں نے اپنے بیٹے کو اپنی جائیداد سے عاق کر دیا ہے اس کے کسی قول و فعل کا میں ذمہ دار نہیں ہوں گا اطلاع عام کے لیے اعلان کیا جاتا ہے کہ میں نے اپنے بیٹے کو اپنی جائیداد سے عاق کر دیا ہے اس کے کسی قول و فعل کا میں ذمہ دار نہیں ہوں گا اطلاع عام کے لیے اعلان کیا جاتا ہے کہ میں نے اپنے بیٹے کو اپنی جائیداد سے عاق کر دیا ہے اس کے کسی قول و فعل کا میں ذمہ دار نہیں ہوں گا اطلاع عام کے لیے اعلان کیا جاتا ہے کہ میں نے اپنے بیٹے کو اپنی جائیداد سے عاق کر دیا ہے اس کے کسی قول و فعل کا میں ذمہ دار نہیں ہوں گا اطلاع عام کے لیے اعلان کیا جاتا ہے کہ میں نے اپنے بیٹے کو اپنی
اشتہار نمبر 66
اطلاع عام کے لیے اعلان کیا جاتا ہے کہ میں نے اپنے بیٹے کو اپنی جائیداد سے عاق کر دیا ہے اس کے کسی قول و فعل کا میں ذمہ دار نہیں ہوں گا اطلاع عام کے لیے اعلان کیا جاتا ہے کہ میں نے اپنے بیٹے کو اپنی جائیداد سے عاق کر دیا ہے اس کے کسی قول و فعل کا میں ذمہ دار نہیں ہوں گا اطلاع عام کے لیے اعلان کیا جاتا ہے کہ میں نے اپنے بیٹے کو اپنی جائیداد سے عاق کر دیا ہے اس کے کسی قول و فعل کا میں ذمہ دار نہیں ہوں گا اطلاع عام کے لیے اعلان کیا جاتا ہے کہ میں نے اپنے بیٹے کو اپنی جائیداد سے عاق کر دیا ہے اس کے کسی قول و فعل کا میں ذمہ دار
اشتہار نمبر 67
اطلاع عام کے لیے اعلان کیا جاتا ہے کہ میں نے اپنے بیٹے کو اپنی جائیداد سے عاق کر دیا ہے اس کے کسی قول و فعل کا میں ذمہ دار نہیں ہوں گا اطلاع عام کے لیے اعلان کیا جاتا ہے کہ میں نے اپنے بیٹے کو اپنی جائیداد سے عاق کر دیا ہے اس کے کسی قول و فعل کا میں ذمہ دار نہیں ہوں گا اطلاع عام کے لیے اعلان کیا جاتا ہے کہ میں نے اپنے بیٹے کو اپنی جائیداد سے عاق کر دیا ہے اس کے کسی قول و فعل کا میں ذمہ دار نہیں ہوں گا اطلاع عام کے لیے اعلان کیا جاتا ہے کہ میں نے اپنے بیٹے کو اپنی جائیداد سے عاق کر دیا ہے اس کے کسی قول و فعل کا میں ذمہ دار نہیں ہوں گا اطلاع عام کے لیے اعلان کیا جاتا ہے کہ میں نے اپنے بیٹے کو اپنی جائیداد سے عاق کر دیا ہے اس کے کسی قول و فعل کا میں ذمہ دار نہیں ہوں گا اطلاع عام کے لیے اعلان کیا جاتا ہے کہ میں نے اپنے بیٹے کو اپنی جائیداد سے عاق کر دیا ہے اس کے کسی قول و فعل کا میں ذمہ دار نہیں ہوں گا اطلاع عام کے لیے اعلان کیا جاتا
